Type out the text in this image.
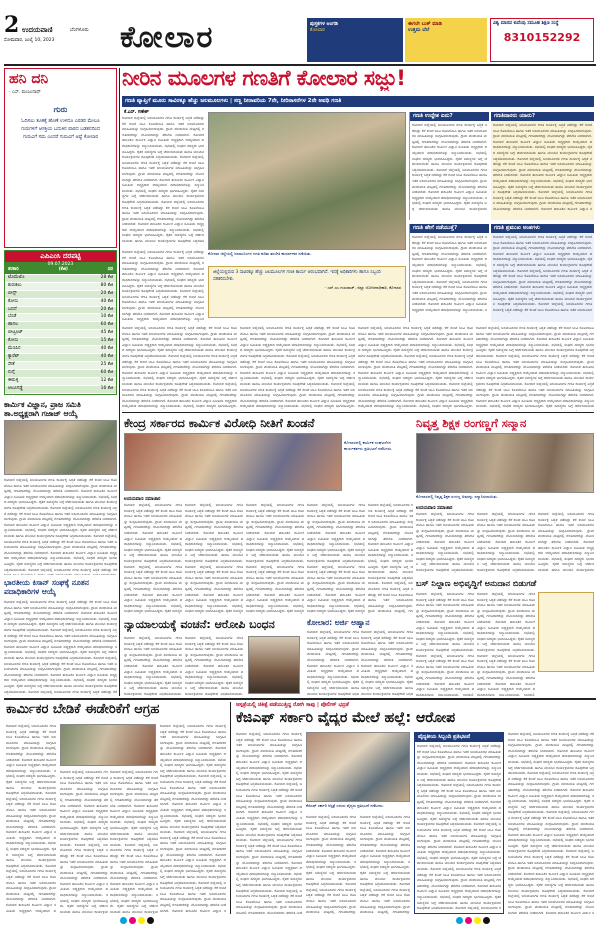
2 ಉದಯವಾಣಿ	ಬೆಂಗಳೂರು
ಸೋಮವಾರ, ಜುಲೈ 10, 2023 ಕೋಲಾರ	ಪುಸ್ತಕಗಳ ಅಂಗಡಿ
ಕೋಲಾರ
ಈಗಲೇ ಬುಕ್ ಮಾಡಿ
ಉತ್ತಮ ಬೆಲೆ
ವಿಶ್ವ ಮಾನವ ಕುವೆಂಪು ಸಮೂಹ ಶಿಕ್ಷಣ ಸಂಸ್ಥೆ
8310152292
ಹನಿ ದನಿ
- ಎಸ್. ಮಂಜುನಾಥ್
ಗುರು
ಓದಿಸಲು ತೂಕಕ್ಕೆ ಹೊಣೆ ಉಳಿದೂ ಎರಡರ ಮೇಲೂ ಗುರುಗಳಿಗೆ ಆಸಕ್ತಿಯ ಬದುಕಿನ ಪಾಠದ ಬಡತನದಿಂದ ಗುರುವಿಗೆ ಸಮ ಎಂದರೆ ಗುರುವಿಗೆ ಅಷ್ಟೆ ಕೋಲಾರ
ಎಪಿಎಂಸಿ ದರಪಟ್ಟಿ
09.07.2023
ತರಕಾರಿ	(ಕೆಜಿ)	ದರ
ಟೊಮೆಟೊ	28 ಕೆಜಿ
ಕುರುಕಲು	80 ಕೆಜಿ
ಬೀನ್ಸ್	20 ಕೆಜಿ
ಕೋಸು	40 ಕೆಜಿ
ಬದನೆ	20 ಕೆಜಿ
ಬೆಂಡೆ	10 ಕೆಜಿ
ಹಾಗಲ	60 ಕೆಜಿ
ಬೀಟ್ರೂಟ್	45 ಕೆಜಿ
ಕೋಸು	15 ಕೆಜಿ
ಮೆಣಸಿನ	40 ಕೆಜಿ
ಕ್ಯಾರೆಟ್	40 ಕೆಜಿ
ಸೌತೆ	25 ಕೆಜಿ
ನುಗ್ಗೆ	60 ಕೆಜಿ
ಈರುಳ್ಳಿ	12 ಕೆಜಿ
ಆಲೂಗಡ್ಡೆ	16 ಕೆಜಿ
ಕಾರ್ಮಿಕ ವಿಜ್ಞಾನ, ಪ್ರಾಜ ಸಮಿತಿ ತಾ.ಅಧ್ಯಕ್ಷರಾಗಿ ಗಜಾಜ್ ಆಯ್ಕೆ
ಕೋಲಾರ ಜಿಲ್ಲೆಯಲ್ಲಿ ಜಲಮೂಲಗಳ ಗಣತಿ ಕಾರ್ಯಕ್ಕೆ ಸಿದ್ಧತೆ ನಡೆದಿದ್ದು ಕೆರೆ ಕುಂಟೆ ಬಾವಿ ಕೊಳವೆಬಾವಿ ಹಾಗೂ ಇತರ ಜಲಮೂಲಗಳ ಮಾಹಿತಿಯನ್ನು ಸಂಗ್ರಹಿಸಲಾಗುವುದು. ಗ್ರಾಮ ಪಂಚಾಯಿತಿ ಮಟ್ಟದಲ್ಲಿ ಗಣತಿದಾರರನ್ನು ನೇಮಿಸಲಾಗಿದ್ದು ತರಬೇತಿ ನೀಡಲಾಗಿದೆ. ಕೋಲಾರ ತಾಲೂಕಿನ ಕಾರ್ಮಿಕ ವಿಜ್ಞಾನ ಸಮಿತಿಯ ಅಧ್ಯಕ್ಷರಾಗಿ ಆಯ್ಕೆಯಾದ ಪದಾಧಿಕಾರಿಗಳನ್ನು ಸನ್ಮಾನಿಸಲಾಯಿತು. ಸಭೆಯಲ್ಲಿ ಸಂಘದ ಸದಸ್ಯರು ಭಾಗವಹಿಸಿದ್ದರು. ರೈತರ ಸಮಸ್ಯೆಗಳ ಬಗ್ಗೆ ಚರ್ಚಿಸಲಾಯಿತು ಹಾಗೂ ಮುಂದಿನ ಕಾರ್ಯಕ್ರಮಗಳ ರೂಪುರೇಷೆ ಸಿದ್ಧಪಡಿಸಲಾಯಿತು. ಕೋಲಾರ ಜಿಲ್ಲೆಯಲ್ಲಿ ಜಲಮೂಲಗಳ ಗಣತಿ ಕಾರ್ಯಕ್ಕೆ ಸಿದ್ಧತೆ ನಡೆದಿದ್ದು ಕೆರೆ ಕುಂಟೆ ಬಾವಿ ಕೊಳವೆಬಾವಿ ಹಾಗೂ ಇತರ ಜಲಮೂಲಗಳ ಮಾಹಿತಿಯನ್ನು ಸಂಗ್ರಹಿಸಲಾಗುವುದು. ಗ್ರಾಮ ಪಂಚಾಯಿತಿ ಮಟ್ಟದಲ್ಲಿ ಗಣತಿದಾರರನ್ನು ನೇಮಿಸಲಾಗಿದ್ದು ತರಬೇತಿ ನೀಡಲಾಗಿದೆ. ಕೋಲಾರ ತಾಲೂಕಿನ ಕಾರ್ಮಿಕ ವಿಜ್ಞಾನ ಸಮಿತಿಯ ಅಧ್ಯಕ್ಷರಾಗಿ ಆಯ್ಕೆಯಾದ ಪದಾಧಿಕಾರಿಗಳನ್ನು ಸನ್ಮಾನಿಸಲಾಯಿತು. ಸಭೆಯಲ್ಲಿ ಸಂಘದ ಸದಸ್ಯರು ಭಾಗವಹಿಸಿದ್ದರು. ರೈತರ ಸಮಸ್ಯೆಗಳ ಬಗ್ಗೆ ಚರ್ಚಿಸಲಾಯಿತು ಹಾಗೂ ಮುಂದಿನ ಕಾರ್ಯಕ್ರಮಗಳ ರೂಪುರೇಷೆ ಸಿದ್ಧಪಡಿಸಲಾಯಿತು. ಕೋಲಾರ ಜಿಲ್ಲೆಯಲ್ಲಿ ಜಲಮೂಲಗಳ ಗಣತಿ ಕಾರ್ಯಕ್ಕೆ ಸಿದ್ಧತೆ ನಡೆದಿದ್ದು ಕೆರೆ ಕುಂಟೆ ಬಾವಿ ಕೊಳವೆಬಾವಿ ಹಾಗೂ ಇತರ ಜಲಮೂಲಗಳ ಮಾಹಿತಿಯನ್ನು ಸಂಗ್ರಹಿಸಲಾಗುವುದು. ಗ್ರಾಮ ಪಂಚಾಯಿತಿ ಮಟ್ಟದಲ್ಲಿ ಗಣತಿದಾರರನ್ನು ನೇಮಿಸಲಾಗಿದ್ದು ತರಬೇತಿ ನೀಡಲಾಗಿದೆ. ಕೋಲಾರ ತಾಲೂಕಿನ ಕಾರ್ಮಿಕ ವಿಜ್ಞಾನ ಸಮಿತಿಯ ಅಧ್ಯಕ್ಷರಾಗಿ ಆಯ್ಕೆಯಾದ ಪದಾಧಿಕಾರಿಗಳನ್ನು ಸನ್ಮಾನಿಸಲಾಯಿತು. ಸಭೆಯಲ್ಲಿ ಸಂಘದ ಸದಸ್ಯರು ಭಾಗವಹಿಸಿದ್ದರು. ರೈತರ ಸಮಸ್ಯೆಗಳ ಬಗ್ಗೆ ಚರ್ಚಿಸಲಾಯಿತು ಹಾಗೂ ಮುಂದಿನ ಕಾರ್ಯಕ್ರಮಗಳ ರೂಪುರೇಷೆ ಸಿದ್ಧಪಡಿಸಲಾಯಿತು. ಕೋಲಾರ ಜಿಲ್ಲೆಯಲ್ಲಿ ಜಲಮೂಲಗಳ ಗಣತಿ ಕಾರ್ಯಕ್ಕೆ ಸಿದ್ಧತೆ ನಡೆದಿದ್ದು ಕೆರೆ
ಭಾರತೀಯ ಕಿಸಾನ್ ಸಂಘಕ್ಕೆ ನೂತನ ಪದಾಧಿಕಾರಿಗಳ ಆಯ್ಕೆ
ಕೋಲಾರ ಜಿಲ್ಲೆಯಲ್ಲಿ ಜಲಮೂಲಗಳ ಗಣತಿ ಕಾರ್ಯಕ್ಕೆ ಸಿದ್ಧತೆ ನಡೆದಿದ್ದು ಕೆರೆ ಕುಂಟೆ ಬಾವಿ ಕೊಳವೆಬಾವಿ ಹಾಗೂ ಇತರ ಜಲಮೂಲಗಳ ಮಾಹಿತಿಯನ್ನು ಸಂಗ್ರಹಿಸಲಾಗುವುದು. ಗ್ರಾಮ ಪಂಚಾಯಿತಿ ಮಟ್ಟದಲ್ಲಿ ಗಣತಿದಾರರನ್ನು ನೇಮಿಸಲಾಗಿದ್ದು ತರಬೇತಿ ನೀಡಲಾಗಿದೆ. ಕೋಲಾರ ತಾಲೂಕಿನ ಕಾರ್ಮಿಕ ವಿಜ್ಞಾನ ಸಮಿತಿಯ ಅಧ್ಯಕ್ಷರಾಗಿ ಆಯ್ಕೆಯಾದ ಪದಾಧಿಕಾರಿಗಳನ್ನು ಸನ್ಮಾನಿಸಲಾಯಿತು. ಸಭೆಯಲ್ಲಿ ಸಂಘದ ಸದಸ್ಯರು ಭಾಗವಹಿಸಿದ್ದರು. ರೈತರ ಸಮಸ್ಯೆಗಳ ಬಗ್ಗೆ ಚರ್ಚಿಸಲಾಯಿತು ಹಾಗೂ ಮುಂದಿನ ಕಾರ್ಯಕ್ರಮಗಳ ರೂಪುರೇಷೆ ಸಿದ್ಧಪಡಿಸಲಾಯಿತು. ಕೋಲಾರ ಜಿಲ್ಲೆಯಲ್ಲಿ ಜಲಮೂಲಗಳ ಗಣತಿ ಕಾರ್ಯಕ್ಕೆ ಸಿದ್ಧತೆ ನಡೆದಿದ್ದು ಕೆರೆ ಕುಂಟೆ ಬಾವಿ ಕೊಳವೆಬಾವಿ ಹಾಗೂ ಇತರ ಜಲಮೂಲಗಳ ಮಾಹಿತಿಯನ್ನು ಸಂಗ್ರಹಿಸಲಾಗುವುದು. ಗ್ರಾಮ ಪಂಚಾಯಿತಿ ಮಟ್ಟದಲ್ಲಿ ಗಣತಿದಾರರನ್ನು ನೇಮಿಸಲಾಗಿದ್ದು ತರಬೇತಿ ನೀಡಲಾಗಿದೆ. ಕೋಲಾರ ತಾಲೂಕಿನ ಕಾರ್ಮಿಕ ವಿಜ್ಞಾನ ಸಮಿತಿಯ ಅಧ್ಯಕ್ಷರಾಗಿ ಆಯ್ಕೆಯಾದ ಪದಾಧಿಕಾರಿಗಳನ್ನು ಸನ್ಮಾನಿಸಲಾಯಿತು. ಸಭೆಯಲ್ಲಿ ಸಂಘದ ಸದಸ್ಯರು ಭಾಗವಹಿಸಿದ್ದರು. ರೈತರ ಸಮಸ್ಯೆಗಳ ಬಗ್ಗೆ ಚರ್ಚಿಸಲಾಯಿತು ಹಾಗೂ ಮುಂದಿನ ಕಾರ್ಯಕ್ರಮಗಳ ರೂಪುರೇಷೆ ಸಿದ್ಧಪಡಿಸಲಾಯಿತು. ಕೋಲಾರ ಜಿಲ್ಲೆಯಲ್ಲಿ ಜಲಮೂಲಗಳ ಗಣತಿ ಕಾರ್ಯಕ್ಕೆ ಸಿದ್ಧತೆ ನಡೆದಿದ್ದು ಕೆರೆ ಕುಂಟೆ ಬಾವಿ ಕೊಳವೆಬಾವಿ ಹಾಗೂ ಇತರ ಜಲಮೂಲಗಳ ಮಾಹಿತಿಯನ್ನು ಸಂಗ್ರಹಿಸಲಾಗುವುದು. ಗ್ರಾಮ ಪಂಚಾಯಿತಿ ಮಟ್ಟದಲ್ಲಿ ಗಣತಿದಾರರನ್ನು ನೇಮಿಸಲಾಗಿದ್ದು ತರಬೇತಿ ನೀಡಲಾಗಿದೆ. ಕೋಲಾರ ತಾಲೂಕಿನ ಕಾರ್ಮಿಕ ವಿಜ್ಞಾನ ಸಮಿತಿಯ ಅಧ್ಯಕ್ಷರಾಗಿ ಆಯ್ಕೆಯಾದ ಪದಾಧಿಕಾರಿಗಳನ್ನು ಸನ್ಮಾನಿಸಲಾಯಿತು. ಸಭೆಯಲ್ಲಿ ಸಂಘದ ಸದಸ್ಯರು ಭಾಗವಹಿಸಿದ್ದರು. ರೈತರ ಸಮಸ್ಯೆಗಳ ಬಗ್ಗೆ ಚರ್ಚಿಸಲಾಯಿತು ಹಾಗೂ ಮುಂದಿನ ಕಾರ್ಯಕ್ರಮಗಳ ರೂಪುರೇಷೆ ಸಿದ್ಧಪಡಿಸಲಾಯಿತು. ಕೋಲಾರ ಜಿಲ್ಲೆಯಲ್ಲಿ ಜಲಮೂಲಗಳ ಗಣತಿ ಕಾರ್ಯಕ್ಕೆ ಸಿದ್ಧತೆ ನಡೆದಿದ್ದು ಕೆರೆ
ನೀರಿನ ಮೂಲಗಳ ಗಣತಿಗೆ ಕೋಲಾರ ಸಜ್ಜು!
ಗಣತಿ ವ್ಯಾಪ್ತಿಗೆ ಮೂರು ಸಾವಿರಕ್ಕೂ ಹೆಚ್ಚು ಜಲಮೂಲಗಳು | ಸಣ್ಣ ನೀರಾವರಿಯ 7ನೇ, ನೀರಿನಾಸರೆಗಳ 2ನೇ ಅವಧಿ ಗಣತಿ
ಕೆ.ಎಸ್. ಗಣೇಶ್
ಕೋಲಾರ ಜಿಲ್ಲೆಯಲ್ಲಿ ಜಲಮೂಲಗಳ ಗಣತಿ ಕಾರ್ಯಕ್ಕೆ ಸಿದ್ಧತೆ ನಡೆದಿದ್ದು ಕೆರೆ ಕುಂಟೆ ಬಾವಿ ಕೊಳವೆಬಾವಿ ಹಾಗೂ ಇತರ ಜಲಮೂಲಗಳ ಮಾಹಿತಿಯನ್ನು ಸಂಗ್ರಹಿಸಲಾಗುವುದು. ಗ್ರಾಮ ಪಂಚಾಯಿತಿ ಮಟ್ಟದಲ್ಲಿ ಗಣತಿದಾರರನ್ನು ನೇಮಿಸಲಾಗಿದ್ದು ತರಬೇತಿ ನೀಡಲಾಗಿದೆ. ಕೋಲಾರ ತಾಲೂಕಿನ ಕಾರ್ಮಿಕ ವಿಜ್ಞಾನ ಸಮಿತಿಯ ಅಧ್ಯಕ್ಷರಾಗಿ ಆಯ್ಕೆಯಾದ ಪದಾಧಿಕಾರಿಗಳನ್ನು ಸನ್ಮಾನಿಸಲಾಯಿತು. ಸಭೆಯಲ್ಲಿ ಸಂಘದ ಸದಸ್ಯರು ಭಾಗವಹಿಸಿದ್ದರು. ರೈತರ ಸಮಸ್ಯೆಗಳ ಬಗ್ಗೆ ಚರ್ಚಿಸಲಾಯಿತು ಹಾಗೂ ಮುಂದಿನ ಕಾರ್ಯಕ್ರಮಗಳ ರೂಪುರೇಷೆ ಸಿದ್ಧಪಡಿಸಲಾಯಿತು. ಕೋಲಾರ ಜಿಲ್ಲೆಯಲ್ಲಿ ಜಲಮೂಲಗಳ ಗಣತಿ ಕಾರ್ಯಕ್ಕೆ ಸಿದ್ಧತೆ ನಡೆದಿದ್ದು ಕೆರೆ ಕುಂಟೆ ಬಾವಿ ಕೊಳವೆಬಾವಿ ಹಾಗೂ ಇತರ ಜಲಮೂಲಗಳ ಮಾಹಿತಿಯನ್ನು ಸಂಗ್ರಹಿಸಲಾಗುವುದು. ಗ್ರಾಮ ಪಂಚಾಯಿತಿ ಮಟ್ಟದಲ್ಲಿ ಗಣತಿದಾರರನ್ನು ನೇಮಿಸಲಾಗಿದ್ದು ತರಬೇತಿ ನೀಡಲಾಗಿದೆ. ಕೋಲಾರ ತಾಲೂಕಿನ ಕಾರ್ಮಿಕ ವಿಜ್ಞಾನ ಸಮಿತಿಯ ಅಧ್ಯಕ್ಷರಾಗಿ ಆಯ್ಕೆಯಾದ ಪದಾಧಿಕಾರಿಗಳನ್ನು ಸನ್ಮಾನಿಸಲಾಯಿತು. ಸಭೆಯಲ್ಲಿ ಸಂಘದ ಸದಸ್ಯರು ಭಾಗವಹಿಸಿದ್ದರು. ರೈತರ ಸಮಸ್ಯೆಗಳ ಬಗ್ಗೆ ಚರ್ಚಿಸಲಾಯಿತು ಹಾಗೂ ಮುಂದಿನ ಕಾರ್ಯಕ್ರಮಗಳ ರೂಪುರೇಷೆ ಸಿದ್ಧಪಡಿಸಲಾಯಿತು. ಕೋಲಾರ ಜಿಲ್ಲೆಯಲ್ಲಿ ಜಲಮೂಲಗಳ ಗಣತಿ ಕಾರ್ಯಕ್ಕೆ ಸಿದ್ಧತೆ ನಡೆದಿದ್ದು ಕೆರೆ ಕುಂಟೆ ಬಾವಿ ಕೊಳವೆಬಾವಿ ಹಾಗೂ ಇತರ ಜಲಮೂಲಗಳ ಮಾಹಿತಿಯನ್ನು ಸಂಗ್ರಹಿಸಲಾಗುವುದು. ಗ್ರಾಮ ಪಂಚಾಯಿತಿ ಮಟ್ಟದಲ್ಲಿ ಗಣತಿದಾರರನ್ನು ನೇಮಿಸಲಾಗಿದ್ದು ತರಬೇತಿ ನೀಡಲಾಗಿದೆ. ಕೋಲಾರ ತಾಲೂಕಿನ ಕಾರ್ಮಿಕ ವಿಜ್ಞಾನ ಸಮಿತಿಯ ಅಧ್ಯಕ್ಷರಾಗಿ ಆಯ್ಕೆಯಾದ ಪದಾಧಿಕಾರಿಗಳನ್ನು ಸನ್ಮಾನಿಸಲಾಯಿತು. ಸಭೆಯಲ್ಲಿ ಸಂಘದ ಸದಸ್ಯರು ಭಾಗವಹಿಸಿದ್ದರು. ರೈತರ ಸಮಸ್ಯೆಗಳ ಬಗ್ಗೆ ಚರ್ಚಿಸಲಾಯಿತು ಹಾಗೂ ಮುಂದಿನ ಕಾರ್ಯಕ್ರಮಗಳ ರೂಪುರೇಷೆ ಸಿದ್ಧಪಡಿಸ
ಕೋಲಾರ ಜಿಲ್ಲೆಯಲ್ಲಿ ಜಲಮೂಲಗಳ ಗಣತಿ ಕುರಿತು ತರಬೇತಿ ಕಾರ್ಯಾಗಾರ ನಡೆಯಿತು.
ಜಿಲ್ಲೆಯಲ್ಲಿರುವ 3 ಸಾವಿರಕ್ಕೂ ಹೆಚ್ಚು ಜಲಮೂಲಗಳ ಗಣತಿ ಕಾರ್ಯ ಆರಂಭವಾಗಿದೆ. ಇದಕ್ಕೆ ಅಧಿಕಾರಿಗಳು ಹಾಗೂ ಸಿಬ್ಬಂದಿ ಸಹಕರಿಸಬೇಕು.
- ಎಸ್.ಎಂ.ಗುರುರಾಜ್, ಜಿಲ್ಲಾ ಯೋಜನಾಧಿಕಾರಿ, ಕೋಲಾರ
ಕೋಲಾರ ಜಿಲ್ಲೆಯಲ್ಲಿ ಜಲಮೂಲಗಳ ಗಣತಿ ಕಾರ್ಯಕ್ಕೆ ಸಿದ್ಧತೆ ನಡೆದಿದ್ದು ಕೆರೆ ಕುಂಟೆ ಬಾವಿ ಕೊಳವೆಬಾವಿ ಹಾಗೂ ಇತರ ಜಲಮೂಲಗಳ ಮಾಹಿತಿಯನ್ನು ಸಂಗ್ರಹಿಸಲಾಗುವುದು. ಗ್ರಾಮ ಪಂಚಾಯಿತಿ ಮಟ್ಟದಲ್ಲಿ ಗಣತಿದಾರರನ್ನು ನೇಮಿಸಲಾಗಿದ್ದು ತರಬೇತಿ ನೀಡಲಾಗಿದೆ. ಕೋಲಾರ ತಾಲೂಕಿನ ಕಾರ್ಮಿಕ ವಿಜ್ಞಾನ ಸಮಿತಿಯ ಅಧ್ಯಕ್ಷರಾಗಿ ಆಯ್ಕೆಯಾದ ಪದಾಧಿಕಾರಿಗಳನ್ನು ಸನ್ಮಾನಿಸಲಾಯಿತು. ಸಭೆಯಲ್ಲಿ ಸಂಘದ ಸದಸ್ಯರು ಭಾಗವಹಿಸಿದ್ದರು. ರೈತರ ಸಮಸ್ಯೆಗಳ ಬಗ್ಗೆ ಚರ್ಚಿಸಲಾಯಿತು ಹಾಗೂ ಮುಂದಿನ ಕಾರ್ಯಕ್ರಮಗಳ ರೂಪುರೇಷೆ ಸಿದ್ಧಪಡಿಸಲಾಯಿತು. ಕೋಲಾರ ಜಿಲ್ಲೆಯಲ್ಲಿ ಜಲಮೂಲಗಳ ಗಣತಿ ಕಾರ್ಯಕ್ಕೆ ಸಿದ್ಧತೆ ನಡೆದಿದ್ದು ಕೆರೆ ಕುಂಟೆ ಬಾವಿ ಕೊಳವೆಬಾವಿ ಹಾಗೂ ಇತರ ಜಲಮೂಲಗಳ ಮಾಹಿತಿಯನ್ನು ಸಂಗ್ರಹಿಸಲಾಗುವುದು. ಗ್ರಾಮ ಪಂಚಾಯಿತಿ ಮಟ್ಟದಲ್ಲಿ ಗಣತಿದಾರರನ್ನು ನೇಮಿಸಲಾಗಿದ್ದು ತರಬೇತಿ ನೀಡಲಾಗಿದೆ. ಕೋಲಾರ ತಾಲೂಕಿನ ಕಾರ್ಮಿಕ ವಿಜ್ಞಾನ ಸಮಿತಿಯ ಅಧ್ಯಕ್ಷರಾಗಿ ಆಯ್ಕೆಯಾದ ಪದಾಧಿಕಾರಿಗಳನ್ನು ಸನ್ಮಾನಿಸ
ಗಣತಿ ಉದ್ದೇಶ ಏನು?
ಕೋಲಾರ ಜಿಲ್ಲೆಯಲ್ಲಿ ಜಲಮೂಲಗಳ ಗಣತಿ ಕಾರ್ಯಕ್ಕೆ ಸಿದ್ಧತೆ ನಡೆದಿದ್ದು ಕೆರೆ ಕುಂಟೆ ಬಾವಿ ಕೊಳವೆಬಾವಿ ಹಾಗೂ ಇತರ ಜಲಮೂಲಗಳ ಮಾಹಿತಿಯನ್ನು ಸಂಗ್ರಹಿಸಲಾಗುವುದು. ಗ್ರಾಮ ಪಂಚಾಯಿತಿ ಮಟ್ಟದಲ್ಲಿ ಗಣತಿದಾರರನ್ನು ನೇಮಿಸಲಾಗಿದ್ದು ತರಬೇತಿ ನೀಡಲಾಗಿದೆ. ಕೋಲಾರ ತಾಲೂಕಿನ ಕಾರ್ಮಿಕ ವಿಜ್ಞಾನ ಸಮಿತಿಯ ಅಧ್ಯಕ್ಷರಾಗಿ ಆಯ್ಕೆಯಾದ ಪದಾಧಿಕಾರಿಗಳನ್ನು ಸನ್ಮಾನಿಸಲಾಯಿತು. ಸಭೆಯಲ್ಲಿ ಸಂಘದ ಸದಸ್ಯರು ಭಾಗವಹಿಸಿದ್ದರು. ರೈತರ ಸಮಸ್ಯೆಗಳ ಬಗ್ಗೆ ಚರ್ಚಿಸಲಾಯಿತು ಹಾಗೂ ಮುಂದಿನ ಕಾರ್ಯಕ್ರಮಗಳ ರೂಪುರೇಷೆ ಸಿದ್ಧಪಡಿಸಲಾಯಿತು. ಕೋಲಾರ ಜಿಲ್ಲೆಯಲ್ಲಿ ಜಲಮೂಲಗಳ ಗಣತಿ ಕಾರ್ಯಕ್ಕೆ ಸಿದ್ಧತೆ ನಡೆದಿದ್ದು ಕೆರೆ ಕುಂಟೆ ಬಾವಿ ಕೊಳವೆಬಾವಿ ಹಾಗೂ ಇತರ ಜಲಮೂಲಗಳ ಮಾಹಿತಿಯನ್ನು ಸಂಗ್ರಹಿಸಲಾಗುವುದು. ಗ್ರಾಮ ಪಂಚಾಯಿತಿ ಮಟ್ಟದಲ್ಲಿ ಗಣತಿದಾರರನ್ನು ನೇಮಿಸಲಾಗಿದ್ದು ತರಬೇತಿ ನೀಡಲಾಗಿದೆ. ಕೋಲಾರ ತಾಲೂಕಿನ ಕಾರ್ಮಿಕ ವಿಜ್ಞಾನ ಸಮಿತಿಯ ಅಧ್ಯಕ್ಷರಾಗಿ ಆಯ್ಕೆಯಾದ ಪದಾಧಿಕಾರಿಗಳನ್ನು ಸನ್ಮಾನಿಸಲಾಯಿತು. ಸಭೆಯಲ್ಲಿ ಸಂಘದ ಸದಸ್ಯರು ಭಾಗವಹಿಸಿದ್ದರು. ರೈತರ ಸಮಸ್ಯೆಗಳ ಬಗ್ಗೆ ಚರ್ಚಿಸಲಾಯಿತು ಹಾಗೂ ಮುಂದಿನ ಕಾರ್ಯಕ್ರಮಗಳ
ಗಣತಿದಾರರು ಯಾರು?
ಕೋಲಾರ ಜಿಲ್ಲೆಯಲ್ಲಿ ಜಲಮೂಲಗಳ ಗಣತಿ ಕಾರ್ಯಕ್ಕೆ ಸಿದ್ಧತೆ ನಡೆದಿದ್ದು ಕೆರೆ ಕುಂಟೆ ಬಾವಿ ಕೊಳವೆಬಾವಿ ಹಾಗೂ ಇತರ ಜಲಮೂಲಗಳ ಮಾಹಿತಿಯನ್ನು ಸಂಗ್ರಹಿಸಲಾಗುವುದು. ಗ್ರಾಮ ಪಂಚಾಯಿತಿ ಮಟ್ಟದಲ್ಲಿ ಗಣತಿದಾರರನ್ನು ನೇಮಿಸಲಾಗಿದ್ದು ತರಬೇತಿ ನೀಡಲಾಗಿದೆ. ಕೋಲಾರ ತಾಲೂಕಿನ ಕಾರ್ಮಿಕ ವಿಜ್ಞಾನ ಸಮಿತಿಯ ಅಧ್ಯಕ್ಷರಾಗಿ ಆಯ್ಕೆಯಾದ ಪದಾಧಿಕಾರಿಗಳನ್ನು ಸನ್ಮಾನಿಸಲಾಯಿತು. ಸಭೆಯಲ್ಲಿ ಸಂಘದ ಸದಸ್ಯರು ಭಾಗವಹಿಸಿದ್ದರು. ರೈತರ ಸಮಸ್ಯೆಗಳ ಬಗ್ಗೆ ಚರ್ಚಿಸಲಾಯಿತು ಹಾಗೂ ಮುಂದಿನ ಕಾರ್ಯಕ್ರಮಗಳ ರೂಪುರೇಷೆ ಸಿದ್ಧಪಡಿಸಲಾಯಿತು. ಕೋಲಾರ ಜಿಲ್ಲೆಯಲ್ಲಿ ಜಲಮೂಲಗಳ ಗಣತಿ ಕಾರ್ಯಕ್ಕೆ ಸಿದ್ಧತೆ ನಡೆದಿದ್ದು ಕೆರೆ ಕುಂಟೆ ಬಾವಿ ಕೊಳವೆಬಾವಿ ಹಾಗೂ ಇತರ ಜಲಮೂಲಗಳ ಮಾಹಿತಿಯನ್ನು ಸಂಗ್ರಹಿಸಲಾಗುವುದು. ಗ್ರಾಮ ಪಂಚಾಯಿತಿ ಮಟ್ಟದಲ್ಲಿ ಗಣತಿದಾರರನ್ನು ನೇಮಿಸಲಾಗಿದ್ದು ತರಬೇತಿ ನೀಡಲಾಗಿದೆ. ಕೋಲಾರ ತಾಲೂಕಿನ ಕಾರ್ಮಿಕ ವಿಜ್ಞಾನ ಸಮಿತಿಯ ಅಧ್ಯಕ್ಷರಾಗಿ ಆಯ್ಕೆಯಾದ ಪದಾಧಿಕಾರಿಗಳನ್ನು ಸನ್ಮಾನಿಸಲಾಯಿತು. ಸಭೆಯಲ್ಲಿ ಸಂಘದ ಸದಸ್ಯರು ಭಾಗವಹಿಸಿದ್ದರು. ರೈತರ ಸಮಸ್ಯೆಗಳ ಬಗ್ಗೆ ಚರ್ಚಿಸಲಾಯಿತು ಹಾಗೂ ಮುಂದಿನ ಕಾರ್ಯಕ್ರಮಗಳ ರೂಪುರೇಷೆ ಸಿದ್ಧಪಡಿಸಲಾಯಿತು. ಕೋಲಾರ ಜಿಲ್ಲೆಯಲ್ಲಿ ಜಲಮೂಲಗಳ ಗಣತಿ ಕಾರ್ಯಕ್ಕೆ ಸಿದ್ಧತೆ ನಡೆದಿದ್ದು ಕೆರೆ ಕುಂಟೆ ಬಾವಿ ಕೊಳವೆಬಾವಿ ಹಾಗೂ ಇತರ ಜಲಮೂಲಗಳ ಮಾಹಿತಿಯನ್ನು ಸಂಗ್ರಹಿಸಲಾಗುವುದು. ಗ್ರಾಮ ಪಂಚಾಯಿತಿ ಮಟ್ಟದಲ್ಲಿ ಗಣತಿದಾರರನ್ನು ನೇಮಿಸಲಾಗಿದ್ದು ತರಬೇತಿ ನೀಡಲಾಗಿದೆ. ಕೋಲಾರ ತಾಲೂಕಿನ ಕಾರ್ಮಿಕ ವಿಜ್ಞಾನ ಸ
ಗಣತಿ ಹೇಗೆ ನಡೆಯುತ್ತೆ?
ಕೋಲಾರ ಜಿಲ್ಲೆಯಲ್ಲಿ ಜಲಮೂಲಗಳ ಗಣತಿ ಕಾರ್ಯಕ್ಕೆ ಸಿದ್ಧತೆ ನಡೆದಿದ್ದು ಕೆರೆ ಕುಂಟೆ ಬಾವಿ ಕೊಳವೆಬಾವಿ ಹಾಗೂ ಇತರ ಜಲಮೂಲಗಳ ಮಾಹಿತಿಯನ್ನು ಸಂಗ್ರಹಿಸಲಾಗುವುದು. ಗ್ರಾಮ ಪಂಚಾಯಿತಿ ಮಟ್ಟದಲ್ಲಿ ಗಣತಿದಾರರನ್ನು ನೇಮಿಸಲಾಗಿದ್ದು ತರಬೇತಿ ನೀಡಲಾಗಿದೆ. ಕೋಲಾರ ತಾಲೂಕಿನ ಕಾರ್ಮಿಕ ವಿಜ್ಞಾನ ಸಮಿತಿಯ ಅಧ್ಯಕ್ಷರಾಗಿ ಆಯ್ಕೆಯಾದ ಪದಾಧಿಕಾರಿಗಳನ್ನು ಸನ್ಮಾನಿಸಲಾಯಿತು. ಸಭೆಯಲ್ಲಿ ಸಂಘದ ಸದಸ್ಯರು ಭಾಗವಹಿಸಿದ್ದರು. ರೈತರ ಸಮಸ್ಯೆಗಳ ಬಗ್ಗೆ ಚರ್ಚಿಸಲಾಯಿತು ಹಾಗೂ ಮುಂದಿನ ಕಾರ್ಯಕ್ರಮಗಳ ರೂಪುರೇಷೆ ಸಿದ್ಧಪಡಿಸಲಾಯಿತು. ಕೋಲಾರ ಜಿಲ್ಲೆಯಲ್ಲಿ ಜಲಮೂಲಗಳ ಗಣತಿ ಕಾರ್ಯಕ್ಕೆ ಸಿದ್ಧತೆ ನಡೆದಿದ್ದು ಕೆರೆ ಕುಂಟೆ ಬಾವಿ ಕೊಳವೆಬಾವಿ ಹಾಗೂ ಇತರ ಜಲಮೂಲಗಳ ಮಾಹಿತಿಯನ್ನು ಸಂಗ್ರಹಿಸಲಾಗುವುದು. ಗ್ರಾಮ ಪಂಚಾಯಿತಿ ಮಟ್ಟದಲ್ಲಿ ಗಣತಿದಾರರನ್ನು ನೇಮಿಸಲಾಗಿದ್ದು ತರಬೇತಿ ನೀಡಲಾಗಿದೆ. ಕೋಲಾರ ತಾಲೂಕಿನ ಕಾರ್ಮಿಕ ವಿಜ್ಞಾನ ಸಮಿತಿಯ ಅಧ್ಯಕ್ಷರಾಗಿ ಆಯ್ಕೆಯಾದ ಪದಾಧಿಕಾರಿಗಳನ್ನು ಸನ್ಮಾನಿಸಲಾಯಿತು. ಸ
ಗಣತಿ ಪ್ರಮುಖ ಅಂಶಗಳು
ಕೋಲಾರ ಜಿಲ್ಲೆಯಲ್ಲಿ ಜಲಮೂಲಗಳ ಗಣತಿ ಕಾರ್ಯಕ್ಕೆ ಸಿದ್ಧತೆ ನಡೆದಿದ್ದು ಕೆರೆ ಕುಂಟೆ ಬಾವಿ ಕೊಳವೆಬಾವಿ ಹಾಗೂ ಇತರ ಜಲಮೂಲಗಳ ಮಾಹಿತಿಯನ್ನು ಸಂಗ್ರಹಿಸಲಾಗುವುದು. ಗ್ರಾಮ ಪಂಚಾಯಿತಿ ಮಟ್ಟದಲ್ಲಿ ಗಣತಿದಾರರನ್ನು ನೇಮಿಸಲಾಗಿದ್ದು ತರಬೇತಿ ನೀಡಲಾಗಿದೆ. ಕೋಲಾರ ತಾಲೂಕಿನ ಕಾರ್ಮಿಕ ವಿಜ್ಞಾನ ಸಮಿತಿಯ ಅಧ್ಯಕ್ಷರಾಗಿ ಆಯ್ಕೆಯಾದ ಪದಾಧಿಕಾರಿಗಳನ್ನು ಸನ್ಮಾನಿಸಲಾಯಿತು. ಸಭೆಯಲ್ಲಿ ಸಂಘದ ಸದಸ್ಯರು ಭಾಗವಹಿಸಿದ್ದರು. ರೈತರ ಸಮಸ್ಯೆಗಳ ಬಗ್ಗೆ ಚರ್ಚಿಸಲಾಯಿತು ಹಾಗೂ ಮುಂದಿನ ಕಾರ್ಯಕ್ರಮಗಳ ರೂಪುರೇಷೆ ಸಿದ್ಧಪಡಿಸಲಾಯಿತು. ಕೋಲಾರ ಜಿಲ್ಲೆಯಲ್ಲಿ ಜಲಮೂಲಗಳ ಗಣತಿ ಕಾರ್ಯಕ್ಕೆ ಸಿದ್ಧತೆ ನಡೆದಿದ್ದು ಕೆರೆ ಕುಂಟೆ ಬಾವಿ ಕೊಳವೆಬಾವಿ ಹಾಗೂ ಇತರ ಜಲಮೂಲಗಳ ಮಾಹಿತಿಯನ್ನು ಸಂಗ್ರಹಿಸಲಾಗುವುದು. ಗ್ರಾಮ ಪಂಚಾಯಿತಿ ಮಟ್ಟದಲ್ಲಿ ಗಣತಿದಾರರನ್ನು ನೇಮಿಸಲಾಗಿದ್ದು ತರಬೇತಿ ನೀಡಲಾಗಿದೆ. ಕೋಲಾರ ತಾಲೂಕಿನ ಕಾರ್ಮಿಕ ವಿಜ್ಞಾನ ಸಮಿತಿಯ ಅಧ್ಯಕ್ಷರಾಗಿ ಆಯ್ಕೆಯಾದ ಪದಾಧಿಕಾರಿಗಳನ್ನು ಸನ್ಮಾನಿಸಲಾಯಿತು. ಸಭೆಯಲ್ಲಿ ಸಂಘದ ಸದಸ್ಯರು ಭಾಗವಹಿಸಿದ್ದರು. ರೈತರ ಸಮಸ್ಯೆಗಳ ಬಗ್ಗೆ ಚರ್ಚಿಸಲಾಯಿತು ಹಾಗೂ ಮುಂದಿನ ಕಾರ್ಯಕ್ರಮಗಳ ರೂಪುರೇಷೆ ಸಿದ್ಧಪಡಿಸಲಾಯಿತು. ಕೋಲಾರ ಜಿಲ್ಲೆಯಲ್ಲಿ ಜಲಮೂಲಗಳ ಗಣತಿ ಕಾರ್ಯಕ್ಕೆ ಸಿದ್ಧತೆ ನಡೆದಿದ್ದು ಕೆರೆ ಕುಂಟೆ ಬಾವಿ ಕೊಳವೆಬಾವಿ ಹಾಗೂ ಇತರ ಜಲಮೂಲಗ
ಕೋಲಾರ ಜಿಲ್ಲೆಯಲ್ಲಿ ಜಲಮೂಲಗಳ ಗಣತಿ ಕಾರ್ಯಕ್ಕೆ ಸಿದ್ಧತೆ ನಡೆದಿದ್ದು ಕೆರೆ ಕುಂಟೆ ಬಾವಿ ಕೊಳವೆಬಾವಿ ಹಾಗೂ ಇತರ ಜಲಮೂಲಗಳ ಮಾಹಿತಿಯನ್ನು ಸಂಗ್ರಹಿಸಲಾಗುವುದು. ಗ್ರಾಮ ಪಂಚಾಯಿತಿ ಮಟ್ಟದಲ್ಲಿ ಗಣತಿದಾರರನ್ನು ನೇಮಿಸಲಾಗಿದ್ದು ತರಬೇತಿ ನೀಡಲಾಗಿದೆ. ಕೋಲಾರ ತಾಲೂಕಿನ ಕಾರ್ಮಿಕ ವಿಜ್ಞಾನ ಸಮಿತಿಯ ಅಧ್ಯಕ್ಷರಾಗಿ ಆಯ್ಕೆಯಾದ ಪದಾಧಿಕಾರಿಗಳನ್ನು ಸನ್ಮಾನಿಸಲಾಯಿತು. ಸಭೆಯಲ್ಲಿ ಸಂಘದ ಸದಸ್ಯರು ಭಾಗವಹಿಸಿದ್ದರು. ರೈತರ ಸಮಸ್ಯೆಗಳ ಬಗ್ಗೆ ಚರ್ಚಿಸಲಾಯಿತು ಹಾಗೂ ಮುಂದಿನ ಕಾರ್ಯಕ್ರಮಗಳ ರೂಪುರೇಷೆ ಸಿದ್ಧಪಡಿಸಲಾಯಿತು. ಕೋಲಾರ ಜಿಲ್ಲೆಯಲ್ಲಿ ಜಲಮೂಲಗಳ ಗಣತಿ ಕಾರ್ಯಕ್ಕೆ ಸಿದ್ಧತೆ ನಡೆದಿದ್ದು ಕೆರೆ ಕುಂಟೆ ಬಾವಿ ಕೊಳವೆಬಾವಿ ಹಾಗೂ ಇತರ ಜಲಮೂಲಗಳ ಮಾಹಿತಿಯನ್ನು ಸಂಗ್ರಹಿಸಲಾಗುವುದು. ಗ್ರಾಮ ಪಂಚಾಯಿತಿ ಮಟ್ಟದಲ್ಲಿ ಗಣತಿದಾರರನ್ನು ನೇಮಿಸಲಾಗಿದ್ದು ತರಬೇತಿ ನೀಡಲಾಗಿದೆ. ಕೋಲಾರ ತಾಲೂಕಿನ ಕಾರ್ಮಿಕ ವಿಜ್ಞಾನ ಸಮಿತಿಯ ಅಧ್ಯಕ್ಷರಾಗಿ ಆಯ್ಕೆಯಾದ ಪದಾಧಿಕಾರಿಗಳನ್ನು ಸನ್ಮಾನಿಸಲಾಯಿತು. ಸಭೆಯಲ್ಲಿ ಸಂಘದ ಸದಸ್ಯರು ಭಾಗವಹಿಸಿದ್ದರು. ರೈತರ ಸಮಸ್ಯೆಗಳ ಬಗ್ಗೆ ಚರ್ಚಿಸಲಾಯಿತು ಹಾಗೂ ಮುಂದಿನ ಕಾರ್ಯಕ್ರಮಗಳ ರೂಪುರೇಷೆ ಸಿದ್ಧಪಡಿಸಲಾಯಿತು. ಕೋಲಾರ ಜಿಲ್ಲೆಯಲ್ಲಿ ಜಲಮೂಲಗಳ ಗಣತಿ ಕಾರ್ಯಕ್ಕೆ ಸಿದ್ಧತೆ ನಡೆದಿದ್ದು ಕೆರೆ ಕುಂಟೆ ಬಾವಿ ಕೊಳವೆಬಾವಿ ಹಾಗೂ ಇತರ ಜಲಮೂಲಗಳ ಮಾಹಿತಿಯನ್ನು ಸಂಗ್ರಹಿಸಲಾಗುವುದು. ಗ್ರಾಮ ಪಂಚಾಯಿತಿ ಮಟ್ಟದಲ್ಲಿ ಗಣತಿದಾರರನ್ನು ನೇಮಿಸಲಾಗಿದ್ದು ತರಬೇತಿ ನೀಡಲಾಗಿದೆ. ಕೋಲಾರ ತಾಲೂಕಿನ ಕಾರ್ಮಿಕ ವಿಜ್ಞಾನ ಸಮಿತಿಯ ಅಧ್ಯಕ್ಷರಾಗಿ ಆಯ್ಕೆಯಾದ ಪದಾಧಿಕಾರಿಗಳನ್ನು ಸನ್ಮಾನಿಸಲಾಯಿತು. ಸಭೆಯಲ್ಲಿ ಸಂಘದ ಸದಸ್ಯರು ಭಾಗವಹಿಸಿದ್ದರು.
ಕೋಲಾರ ಜಿಲ್ಲೆಯಲ್ಲಿ ಜಲಮೂಲಗಳ ಗಣತಿ ಕಾರ್ಯಕ್ಕೆ ಸಿದ್ಧತೆ ನಡೆದಿದ್ದು ಕೆರೆ ಕುಂಟೆ ಬಾವಿ ಕೊಳವೆಬಾವಿ ಹಾಗೂ ಇತರ ಜಲಮೂಲಗಳ ಮಾಹಿತಿಯನ್ನು ಸಂಗ್ರಹಿಸಲಾಗುವುದು. ಗ್ರಾಮ ಪಂಚಾಯಿತಿ ಮಟ್ಟದಲ್ಲಿ ಗಣತಿದಾರರನ್ನು ನೇಮಿಸಲಾಗಿದ್ದು ತರಬೇತಿ ನೀಡಲಾಗಿದೆ. ಕೋಲಾರ ತಾಲೂಕಿನ ಕಾರ್ಮಿಕ ವಿಜ್ಞಾನ ಸಮಿತಿಯ ಅಧ್ಯಕ್ಷರಾಗಿ ಆಯ್ಕೆಯಾದ ಪದಾಧಿಕಾರಿಗಳನ್ನು ಸನ್ಮಾನಿಸಲಾಯಿತು. ಸಭೆಯಲ್ಲಿ ಸಂಘದ ಸದಸ್ಯರು ಭಾಗವಹಿಸಿದ್ದರು. ರೈತರ ಸಮಸ್ಯೆಗಳ ಬಗ್ಗೆ ಚರ್ಚಿಸಲಾಯಿತು ಹಾಗೂ ಮುಂದಿನ ಕಾರ್ಯಕ್ರಮಗಳ ರೂಪುರೇಷೆ ಸಿದ್ಧಪಡಿಸಲಾಯಿತು. ಕೋಲಾರ ಜಿಲ್ಲೆಯಲ್ಲಿ ಜಲಮೂಲಗಳ ಗಣತಿ ಕಾರ್ಯಕ್ಕೆ ಸಿದ್ಧತೆ ನಡೆದಿದ್ದು ಕೆರೆ ಕುಂಟೆ ಬಾವಿ ಕೊಳವೆಬಾವಿ ಹಾಗೂ ಇತರ ಜಲಮೂಲಗಳ ಮಾಹಿತಿಯನ್ನು ಸಂಗ್ರಹಿಸಲಾಗುವುದು. ಗ್ರಾಮ ಪಂಚಾಯಿತಿ ಮಟ್ಟದಲ್ಲಿ ಗಣತಿದಾರರನ್ನು ನೇಮಿಸಲಾಗಿದ್ದು ತರಬೇತಿ ನೀಡಲಾಗಿದೆ. ಕೋಲಾರ ತಾಲೂಕಿನ ಕಾರ್ಮಿಕ ವಿಜ್ಞಾನ ಸಮಿತಿಯ ಅಧ್ಯಕ್ಷರಾಗಿ ಆಯ್ಕೆಯಾದ ಪದಾಧಿಕಾರಿಗಳನ್ನು ಸನ್ಮಾನಿಸಲಾಯಿತು. ಸಭೆಯಲ್ಲಿ ಸಂಘದ ಸದಸ್ಯರು ಭಾಗವಹಿಸಿದ್ದರು. ರೈತರ ಸಮಸ್ಯೆಗಳ ಬಗ್ಗೆ ಚರ್ಚಿಸಲಾಯಿತು ಹಾಗೂ ಮುಂದಿನ ಕಾರ್ಯಕ್ರಮಗಳ ರೂಪುರೇಷೆ ಸಿದ್ಧಪಡಿಸಲಾಯಿತು. ಕೋಲಾರ ಜಿಲ್ಲೆಯಲ್ಲಿ ಜಲಮೂಲಗಳ ಗಣತಿ ಕಾರ್ಯಕ್ಕೆ ಸಿದ್ಧತೆ ನಡೆದಿದ್ದು ಕೆರೆ ಕುಂಟೆ ಬಾವಿ ಕೊಳವೆಬಾವಿ ಹಾಗೂ ಇತರ ಜಲಮೂಲಗಳ ಮಾಹಿತಿಯನ್ನು ಸಂಗ್ರಹಿಸಲಾಗುವುದು. ಗ್ರಾಮ ಪಂಚಾಯಿತಿ ಮಟ್ಟದಲ್ಲಿ ಗಣತಿದಾರರನ್ನು ನೇಮಿಸಲಾಗಿದ್ದು ತರಬೇತಿ ನೀಡಲಾಗಿದೆ. ಕೋಲಾರ ತಾಲೂಕಿನ ಕಾರ್ಮಿಕ ವಿಜ್ಞಾನ ಸಮಿತಿಯ ಅಧ್ಯಕ್ಷರಾಗಿ ಆಯ್ಕೆಯಾದ ಪದಾಧಿಕಾರಿಗಳನ್ನು ಸನ್ಮಾನಿಸಲಾಯಿತು. ಸಭೆಯಲ್ಲಿ ಸಂಘದ ಸದಸ್ಯರು ಭಾಗವಹಿಸಿದ್ದರು.
ಕೋಲಾರ ಜಿಲ್ಲೆಯಲ್ಲಿ ಜಲಮೂಲಗಳ ಗಣತಿ ಕಾರ್ಯಕ್ಕೆ ಸಿದ್ಧತೆ ನಡೆದಿದ್ದು ಕೆರೆ ಕುಂಟೆ ಬಾವಿ ಕೊಳವೆಬಾವಿ ಹಾಗೂ ಇತರ ಜಲಮೂಲಗಳ ಮಾಹಿತಿಯನ್ನು ಸಂಗ್ರಹಿಸಲಾಗುವುದು. ಗ್ರಾಮ ಪಂಚಾಯಿತಿ ಮಟ್ಟದಲ್ಲಿ ಗಣತಿದಾರರನ್ನು ನೇಮಿಸಲಾಗಿದ್ದು ತರಬೇತಿ ನೀಡಲಾಗಿದೆ. ಕೋಲಾರ ತಾಲೂಕಿನ ಕಾರ್ಮಿಕ ವಿಜ್ಞಾನ ಸಮಿತಿಯ ಅಧ್ಯಕ್ಷರಾಗಿ ಆಯ್ಕೆಯಾದ ಪದಾಧಿಕಾರಿಗಳನ್ನು ಸನ್ಮಾನಿಸಲಾಯಿತು. ಸಭೆಯಲ್ಲಿ ಸಂಘದ ಸದಸ್ಯರು ಭಾಗವಹಿಸಿದ್ದರು. ರೈತರ ಸಮಸ್ಯೆಗಳ ಬಗ್ಗೆ ಚರ್ಚಿಸಲಾಯಿತು ಹಾಗೂ ಮುಂದಿನ ಕಾರ್ಯಕ್ರಮಗಳ ರೂಪುರೇಷೆ ಸಿದ್ಧಪಡಿಸಲಾಯಿತು. ಕೋಲಾರ ಜಿಲ್ಲೆಯಲ್ಲಿ ಜಲಮೂಲಗಳ ಗಣತಿ ಕಾರ್ಯಕ್ಕೆ ಸಿದ್ಧತೆ ನಡೆದಿದ್ದು ಕೆರೆ ಕುಂಟೆ ಬಾವಿ ಕೊಳವೆಬಾವಿ ಹಾಗೂ ಇತರ ಜಲಮೂಲಗಳ ಮಾಹಿತಿಯನ್ನು ಸಂಗ್ರಹಿಸಲಾಗುವುದು. ಗ್ರಾಮ ಪಂಚಾಯಿತಿ ಮಟ್ಟದಲ್ಲಿ ಗಣತಿದಾರರನ್ನು ನೇಮಿಸಲಾಗಿದ್ದು ತರಬೇತಿ ನೀಡಲಾಗಿದೆ. ಕೋಲಾರ ತಾಲೂಕಿನ ಕಾರ್ಮಿಕ ವಿಜ್ಞಾನ ಸಮಿತಿಯ ಅಧ್ಯಕ್ಷರಾಗಿ ಆಯ್ಕೆಯಾದ ಪದಾಧಿಕಾರಿಗಳನ್ನು ಸನ್ಮಾನಿಸಲಾಯಿತು. ಸಭೆಯಲ್ಲಿ ಸಂಘದ ಸದಸ್ಯರು ಭಾಗವಹಿಸಿದ್ದರು. ರೈತರ ಸಮಸ್ಯೆಗಳ ಬಗ್ಗೆ ಚರ್ಚಿಸಲಾಯಿತು ಹಾಗೂ ಮುಂದಿನ ಕಾರ್ಯಕ್ರಮಗಳ ರೂಪುರೇಷೆ ಸಿದ್ಧಪಡಿಸಲಾಯಿತು. ಕೋಲಾರ ಜಿಲ್ಲೆಯಲ್ಲಿ ಜಲಮೂಲಗಳ ಗಣತಿ ಕಾರ್ಯಕ್ಕೆ ಸಿದ್ಧತೆ ನಡೆದಿದ್ದು ಕೆರೆ ಕುಂಟೆ ಬಾವಿ ಕೊಳವೆಬಾವಿ ಹಾಗೂ ಇತರ ಜಲಮೂಲಗಳ ಮಾಹಿತಿಯನ್ನು ಸಂಗ್ರಹಿಸಲಾಗುವುದು. ಗ್ರಾಮ ಪಂಚಾಯಿತಿ ಮಟ್ಟದಲ್ಲಿ ಗಣತಿದಾರರನ್ನು ನೇಮಿಸಲಾಗಿದ್ದು ತರಬೇತಿ ನೀಡಲಾಗಿದೆ. ಕೋಲಾರ ತಾಲೂಕಿನ ಕಾರ್ಮಿಕ ವಿಜ್ಞಾನ ಸಮಿತಿಯ ಅಧ್ಯಕ್ಷರಾಗಿ ಆಯ್ಕೆಯಾದ ಪದಾಧಿಕಾರಿಗಳನ್ನು ಸನ್ಮಾನಿಸಲಾಯಿತು. ಸಭೆಯಲ್ಲಿ ಸಂಘದ ಸದಸ್ಯರು ಭಾಗವಹಿಸಿದ್ದರು.
ಕೋಲಾರ ಜಿಲ್ಲೆಯಲ್ಲಿ ಜಲಮೂಲಗಳ ಗಣತಿ ಕಾರ್ಯಕ್ಕೆ ಸಿದ್ಧತೆ ನಡೆದಿದ್ದು ಕೆರೆ ಕುಂಟೆ ಬಾವಿ ಕೊಳವೆಬಾವಿ ಹಾಗೂ ಇತರ ಜಲಮೂಲಗಳ ಮಾಹಿತಿಯನ್ನು ಸಂಗ್ರಹಿಸಲಾಗುವುದು. ಗ್ರಾಮ ಪಂಚಾಯಿತಿ ಮಟ್ಟದಲ್ಲಿ ಗಣತಿದಾರರನ್ನು ನೇಮಿಸಲಾಗಿದ್ದು ತರಬೇತಿ ನೀಡಲಾಗಿದೆ. ಕೋಲಾರ ತಾಲೂಕಿನ ಕಾರ್ಮಿಕ ವಿಜ್ಞಾನ ಸಮಿತಿಯ ಅಧ್ಯಕ್ಷರಾಗಿ ಆಯ್ಕೆಯಾದ ಪದಾಧಿಕಾರಿಗಳನ್ನು ಸನ್ಮಾನಿಸಲಾಯಿತು. ಸಭೆಯಲ್ಲಿ ಸಂಘದ ಸದಸ್ಯರು ಭಾಗವಹಿಸಿದ್ದರು. ರೈತರ ಸಮಸ್ಯೆಗಳ ಬಗ್ಗೆ ಚರ್ಚಿಸಲಾಯಿತು ಹಾಗೂ ಮುಂದಿನ ಕಾರ್ಯಕ್ರಮಗಳ ರೂಪುರೇಷೆ ಸಿದ್ಧಪಡಿಸಲಾಯಿತು. ಕೋಲಾರ ಜಿಲ್ಲೆಯಲ್ಲಿ ಜಲಮೂಲಗಳ ಗಣತಿ ಕಾರ್ಯಕ್ಕೆ ಸಿದ್ಧತೆ ನಡೆದಿದ್ದು ಕೆರೆ ಕುಂಟೆ ಬಾವಿ ಕೊಳವೆಬಾವಿ ಹಾಗೂ ಇತರ ಜಲಮೂಲಗಳ ಮಾಹಿತಿಯನ್ನು ಸಂಗ್ರಹಿಸಲಾಗುವುದು. ಗ್ರಾಮ ಪಂಚಾಯಿತಿ ಮಟ್ಟದಲ್ಲಿ ಗಣತಿದಾರರನ್ನು ನೇಮಿಸಲಾಗಿದ್ದು ತರಬೇತಿ ನೀಡಲಾಗಿದೆ. ಕೋಲಾರ ತಾಲೂಕಿನ ಕಾರ್ಮಿಕ ವಿಜ್ಞಾನ ಸಮಿತಿಯ ಅಧ್ಯಕ್ಷರಾಗಿ ಆಯ್ಕೆಯಾದ ಪದಾಧಿಕಾರಿಗಳನ್ನು ಸನ್ಮಾನಿಸಲಾಯಿತು. ಸಭೆಯಲ್ಲಿ ಸಂಘದ ಸದಸ್ಯರು ಭಾಗವಹಿಸಿದ್ದರು. ರೈತರ ಸಮಸ್ಯೆಗಳ ಬಗ್ಗೆ ಚರ್ಚಿಸಲಾಯಿತು ಹಾಗೂ ಮುಂದಿನ ಕಾರ್ಯಕ್ರಮಗಳ ರೂಪುರೇಷೆ ಸಿದ್ಧಪಡಿಸಲಾಯಿತು. ಕೋಲಾರ ಜಿಲ್ಲೆಯಲ್ಲಿ ಜಲಮೂಲಗಳ ಗಣತಿ ಕಾರ್ಯಕ್ಕೆ ಸಿದ್ಧತೆ ನಡೆದಿದ್ದು ಕೆರೆ ಕುಂಟೆ ಬಾವಿ ಕೊಳವೆಬಾವಿ ಹಾಗೂ ಇತರ ಜಲಮೂಲಗಳ ಮಾಹಿತಿಯನ್ನು ಸಂಗ್ರಹಿಸಲಾಗುವುದು. ಗ್ರಾಮ ಪಂಚಾಯಿತಿ ಮಟ್ಟದಲ್ಲಿ ಗಣತಿದಾರರನ್ನು ನೇಮಿಸಲಾಗಿದ್ದು ತರಬೇತಿ ನೀಡಲಾಗಿದೆ. ಕೋಲಾರ ತಾಲೂಕಿನ ಕಾರ್ಮಿಕ ವಿಜ್ಞಾನ ಸಮಿತಿಯ ಅಧ್ಯಕ್ಷರಾಗಿ ಆಯ್ಕೆಯಾದ ಪದಾಧಿಕಾರಿಗಳನ್ನು ಸನ್ಮಾನಿಸಲಾಯಿತು. ಸಭೆಯಲ್ಲಿ ಸಂಘದ ಸದಸ್ಯರು ಭಾಗವಹಿಸಿದ್ದರು. ರೈತರ ಸಮಸ್ಯೆಗಳ ಬಗ್ಗೆ ಚರ್ಚಿಸಲಾಯಿತು
ಕೇಂದ್ರ ಸರ್ಕಾರದ ಕಾರ್ಮಿಕ ವಿರೋಧಿ ನೀತಿಗೆ ಖಂಡನೆ
ಕೋಲಾರದಲ್ಲಿ ಕಾರ್ಮಿಕ ಸಂಘಟನೆಗಳ ಕಾರ್ಯಕರ್ತರು ಪ್ರತಿಭಟನೆ ನಡೆಸಿದರು.
ನಿವೃತ್ತ ಶಿಕ್ಷಕ ರಂಗಣ್ಣಗೆ ಸನ್ಮಾನ
ಕೋಲಾರದಲ್ಲಿ ನಿವೃತ್ತ ಶಿಕ್ಷಕ ರಂಗಣ್ಣ ಅವರನ್ನು ಸನ್ಮಾನಿಸಲಾಯಿತು.
ಉದಯವಾಣಿ ಸಮಾಚಾರ
ಕೋಲಾರ ಜಿಲ್ಲೆಯಲ್ಲಿ ಜಲಮೂಲಗಳ ಗಣತಿ ಕಾರ್ಯಕ್ಕೆ ಸಿದ್ಧತೆ ನಡೆದಿದ್ದು ಕೆರೆ ಕುಂಟೆ ಬಾವಿ ಕೊಳವೆಬಾವಿ ಹಾಗೂ ಇತರ ಜಲಮೂಲಗಳ ಮಾಹಿತಿಯನ್ನು ಸಂಗ್ರಹಿಸಲಾಗುವುದು. ಗ್ರಾಮ ಪಂಚಾಯಿತಿ ಮಟ್ಟದಲ್ಲಿ ಗಣತಿದಾರರನ್ನು ನೇಮಿಸಲಾಗಿದ್ದು ತರಬೇತಿ ನೀಡಲಾಗಿದೆ. ಕೋಲಾರ ತಾಲೂಕಿನ ಕಾರ್ಮಿಕ ವಿಜ್ಞಾನ ಸಮಿತಿಯ ಅಧ್ಯಕ್ಷರಾಗಿ ಆಯ್ಕೆಯಾದ ಪದಾಧಿಕಾರಿಗಳನ್ನು ಸನ್ಮಾನಿಸಲಾಯಿತು. ಸಭೆಯಲ್ಲಿ ಸಂಘದ ಸದಸ್ಯರು ಭಾಗವಹಿಸಿದ್ದರು. ರೈತರ ಸಮಸ್ಯೆಗಳ ಬಗ್ಗೆ ಚರ್ಚಿಸಲಾಯಿತು ಹಾಗೂ ಮುಂದಿನ ಕಾರ್ಯಕ್ರಮಗಳ ರೂಪುರೇಷೆ ಸಿದ್ಧಪಡಿಸಲಾಯಿತು. ಕೋಲಾರ ಜಿಲ್ಲೆಯಲ್ಲಿ ಜಲಮೂಲಗಳ ಗಣತಿ ಕಾರ್ಯಕ್ಕೆ ಸಿದ್ಧತೆ ನಡೆದಿದ್ದು ಕೆರೆ ಕುಂಟೆ ಬಾವಿ ಕೊಳವೆಬಾವಿ ಹಾಗೂ ಇತರ ಜಲಮೂಲಗಳ ಮಾಹಿತಿಯನ್ನು ಸಂಗ್ರಹಿಸಲಾಗುವುದು. ಗ್ರಾಮ ಪಂಚಾಯಿತಿ ಮಟ್ಟದಲ್ಲಿ ಗಣತಿದಾರರನ್ನು ನೇಮಿಸಲಾಗಿದ್ದು ತರಬೇತಿ ನೀಡಲಾಗಿದೆ. ಕೋಲಾರ ತಾಲೂಕಿನ ಕಾರ್ಮಿಕ ವಿಜ್ಞಾನ ಸಮಿತಿಯ ಅಧ್ಯಕ್ಷರಾಗಿ ಆಯ್ಕೆಯಾದ ಪದಾಧಿಕಾರಿಗಳನ್ನು ಸನ್ಮಾನಿಸಲಾಯಿತು. ಸಭೆಯಲ್ಲಿ ಸಂಘದ ಸದಸ್ಯರು ಭಾಗವಹಿಸಿದ್ದರು. ರೈತರ ಸಮಸ್ಯೆಗ
ಕೋಲಾರ ಜಿಲ್ಲೆಯಲ್ಲಿ ಜಲಮೂಲಗಳ ಗಣತಿ ಕಾರ್ಯಕ್ಕೆ ಸಿದ್ಧತೆ ನಡೆದಿದ್ದು ಕೆರೆ ಕುಂಟೆ ಬಾವಿ ಕೊಳವೆಬಾವಿ ಹಾಗೂ ಇತರ ಜಲಮೂಲಗಳ ಮಾಹಿತಿಯನ್ನು ಸಂಗ್ರಹಿಸಲಾಗುವುದು. ಗ್ರಾಮ ಪಂಚಾಯಿತಿ ಮಟ್ಟದಲ್ಲಿ ಗಣತಿದಾರರನ್ನು ನೇಮಿಸಲಾಗಿದ್ದು ತರಬೇತಿ ನೀಡಲಾಗಿದೆ. ಕೋಲಾರ ತಾಲೂಕಿನ ಕಾರ್ಮಿಕ ವಿಜ್ಞಾನ ಸಮಿತಿಯ ಅಧ್ಯಕ್ಷರಾಗಿ ಆಯ್ಕೆಯಾದ ಪದಾಧಿಕಾರಿಗಳನ್ನು ಸನ್ಮಾನಿಸಲಾಯಿತು. ಸಭೆಯಲ್ಲಿ ಸಂಘದ ಸದಸ್ಯರು ಭಾಗವಹಿಸಿದ್ದರು. ರೈತರ ಸಮಸ್ಯೆಗಳ ಬಗ್ಗೆ ಚರ್ಚಿಸಲಾಯಿತು ಹಾಗೂ ಮುಂದಿನ ಕಾರ್ಯಕ್ರಮಗಳ ರೂಪುರೇಷೆ ಸಿದ್ಧಪಡಿಸಲಾಯಿತು. ಕೋಲಾರ ಜಿಲ್ಲೆಯಲ್ಲಿ ಜಲಮೂಲಗಳ ಗಣತಿ ಕಾರ್ಯಕ್ಕೆ ಸಿದ್ಧತೆ ನಡೆದಿದ್ದು ಕೆರೆ ಕುಂಟೆ ಬಾವಿ ಕೊಳವೆಬಾವಿ ಹಾಗೂ ಇತರ ಜಲಮೂಲಗಳ ಮಾಹಿತಿಯನ್ನು ಸಂಗ್ರಹಿಸಲಾಗುವುದು. ಗ್ರಾಮ ಪಂಚಾಯಿತಿ ಮಟ್ಟದಲ್ಲಿ ಗಣತಿದಾರರನ್ನು ನೇಮಿಸಲಾಗಿದ್ದು ತರಬೇತಿ ನೀಡಲಾಗಿದೆ. ಕೋಲಾರ ತಾಲೂಕಿನ ಕಾರ್ಮಿಕ ವಿಜ್ಞಾನ ಸಮಿತಿಯ ಅಧ್ಯಕ್ಷರಾಗಿ ಆಯ್ಕೆಯಾದ ಪದಾಧಿಕಾರಿಗಳನ್ನು ಸನ್ಮಾನಿಸಲಾಯಿತು. ಸಭೆಯಲ್ಲಿ ಸಂಘದ ಸದಸ್ಯರು ಭಾಗವಹಿಸಿದ್ದರು. ರೈತರ ಸಮಸ್ಯೆಗ
ಕೋಲಾರ ಜಿಲ್ಲೆಯಲ್ಲಿ ಜಲಮೂಲಗಳ ಗಣತಿ ಕಾರ್ಯಕ್ಕೆ ಸಿದ್ಧತೆ ನಡೆದಿದ್ದು ಕೆರೆ ಕುಂಟೆ ಬಾವಿ ಕೊಳವೆಬಾವಿ ಹಾಗೂ ಇತರ ಜಲಮೂಲಗಳ ಮಾಹಿತಿಯನ್ನು ಸಂಗ್ರಹಿಸಲಾಗುವುದು. ಗ್ರಾಮ ಪಂಚಾಯಿತಿ ಮಟ್ಟದಲ್ಲಿ ಗಣತಿದಾರರನ್ನು ನೇಮಿಸಲಾಗಿದ್ದು ತರಬೇತಿ ನೀಡಲಾಗಿದೆ. ಕೋಲಾರ ತಾಲೂಕಿನ ಕಾರ್ಮಿಕ ವಿಜ್ಞಾನ ಸಮಿತಿಯ ಅಧ್ಯಕ್ಷರಾಗಿ ಆಯ್ಕೆಯಾದ ಪದಾಧಿಕಾರಿಗಳನ್ನು ಸನ್ಮಾನಿಸಲಾಯಿತು. ಸಭೆಯಲ್ಲಿ ಸಂಘದ ಸದಸ್ಯರು ಭಾಗವಹಿಸಿದ್ದರು. ರೈತರ ಸಮಸ್ಯೆಗಳ ಬಗ್ಗೆ ಚರ್ಚಿಸಲಾಯಿತು ಹಾಗೂ ಮುಂದಿನ ಕಾರ್ಯಕ್ರಮಗಳ ರೂಪುರೇಷೆ ಸಿದ್ಧಪಡಿಸಲಾಯಿತು. ಕೋಲಾರ ಜಿಲ್ಲೆಯಲ್ಲಿ ಜಲಮೂಲಗಳ ಗಣತಿ ಕಾರ್ಯಕ್ಕೆ ಸಿದ್ಧತೆ ನಡೆದಿದ್ದು ಕೆರೆ ಕುಂಟೆ ಬಾವಿ ಕೊಳವೆಬಾವಿ ಹಾಗೂ ಇತರ ಜಲಮೂಲಗಳ ಮಾಹಿತಿಯನ್ನು ಸಂಗ್ರಹಿಸಲಾಗುವುದು. ಗ್ರಾಮ ಪಂಚಾಯಿತಿ ಮಟ್ಟದಲ್ಲಿ ಗಣತಿದಾರರನ್ನು ನೇಮಿಸಲಾಗಿದ್ದು ತರಬೇತಿ ನೀಡಲಾಗಿದೆ. ಕೋಲಾರ ತಾಲೂಕಿನ ಕಾರ್ಮಿಕ ವಿಜ್ಞಾನ ಸಮಿತಿಯ ಅಧ್ಯಕ್ಷರಾಗಿ ಆಯ್ಕೆಯಾದ ಪದಾಧಿಕಾರಿಗಳನ್ನು ಸನ್ಮಾನಿಸಲಾಯಿತು. ಸಭೆಯಲ್ಲಿ ಸಂಘದ ಸದಸ್ಯರು ಭಾಗವಹಿಸಿದ್ದರು. ರೈತರ ಸಮಸ್ಯೆಗ
ಕೋಲಾರ ಜಿಲ್ಲೆಯಲ್ಲಿ ಜಲಮೂಲಗಳ ಗಣತಿ ಕಾರ್ಯಕ್ಕೆ ಸಿದ್ಧತೆ ನಡೆದಿದ್ದು ಕೆರೆ ಕುಂಟೆ ಬಾವಿ ಕೊಳವೆಬಾವಿ ಹಾಗೂ ಇತರ ಜಲಮೂಲಗಳ ಮಾಹಿತಿಯನ್ನು ಸಂಗ್ರಹಿಸಲಾಗುವುದು. ಗ್ರಾಮ ಪಂಚಾಯಿತಿ ಮಟ್ಟದಲ್ಲಿ ಗಣತಿದಾರರನ್ನು ನೇಮಿಸಲಾಗಿದ್ದು ತರಬೇತಿ ನೀಡಲಾಗಿದೆ. ಕೋಲಾರ ತಾಲೂಕಿನ ಕಾರ್ಮಿಕ ವಿಜ್ಞಾನ ಸಮಿತಿಯ ಅಧ್ಯಕ್ಷರಾಗಿ ಆಯ್ಕೆಯಾದ ಪದಾಧಿಕಾರಿಗಳನ್ನು ಸನ್ಮಾನಿಸಲಾಯಿತು. ಸಭೆಯಲ್ಲಿ ಸಂಘದ ಸದಸ್ಯರು ಭಾಗವಹಿಸಿದ್ದರು. ರೈತರ ಸಮಸ್ಯೆಗಳ ಬಗ್ಗೆ ಚರ್ಚಿಸಲಾಯಿತು ಹಾಗೂ ಮುಂದಿನ ಕಾರ್ಯಕ್ರಮಗಳ ರೂಪುರೇಷೆ ಸಿದ್ಧಪಡಿಸಲಾಯಿತು. ಕೋಲಾರ ಜಿಲ್ಲೆಯಲ್ಲಿ ಜಲಮೂಲಗಳ ಗಣತಿ ಕಾರ್ಯಕ್ಕೆ ಸಿದ್ಧತೆ ನಡೆದಿದ್ದು ಕೆರೆ ಕುಂಟೆ ಬಾವಿ ಕೊಳವೆಬಾವಿ ಹಾಗೂ ಇತರ ಜಲಮೂಲಗಳ ಮಾಹಿತಿಯನ್ನು ಸಂಗ್ರಹಿಸಲಾಗುವುದು. ಗ್ರಾಮ ಪಂಚಾಯಿತಿ ಮಟ್ಟದಲ್ಲಿ ಗಣತಿದಾರರನ್ನು ನೇಮಿಸಲಾಗಿದ್ದು ತರಬೇತಿ ನೀಡಲಾಗಿದೆ. ಕೋಲಾರ ತಾಲೂಕಿನ ಕಾರ್ಮಿಕ ವಿಜ್ಞಾನ ಸಮಿತಿಯ ಅಧ್ಯಕ್ಷರಾಗಿ ಆಯ್ಕೆಯಾದ ಪದಾಧಿಕಾರಿಗಳನ್ನು ಸನ್ಮಾನಿಸಲಾಯಿತು. ಸಭೆಯಲ್ಲಿ ಸಂಘದ ಸದಸ್ಯರು ಭಾಗವಹಿಸಿದ್ದರು. ರೈತರ ಸಮಸ್ಯೆಗ
ಕೋಲಾರ ಜಿಲ್ಲೆಯಲ್ಲಿ ಜಲಮೂಲಗಳ ಗಣತಿ ಕಾರ್ಯಕ್ಕೆ ಸಿದ್ಧತೆ ನಡೆದಿದ್ದು ಕೆರೆ ಕುಂಟೆ ಬಾವಿ ಕೊಳವೆಬಾವಿ ಹಾಗೂ ಇತರ ಜಲಮೂಲಗಳ ಮಾಹಿತಿಯನ್ನು ಸಂಗ್ರಹಿಸಲಾಗುವುದು. ಗ್ರಾಮ ಪಂಚಾಯಿತಿ ಮಟ್ಟದಲ್ಲಿ ಗಣತಿದಾರರನ್ನು ನೇಮಿಸಲಾಗಿದ್ದು ತರಬೇತಿ ನೀಡಲಾಗಿದೆ. ಕೋಲಾರ ತಾಲೂಕಿನ ಕಾರ್ಮಿಕ ವಿಜ್ಞಾನ ಸಮಿತಿಯ ಅಧ್ಯಕ್ಷರಾಗಿ ಆಯ್ಕೆಯಾದ ಪದಾಧಿಕಾರಿಗಳನ್ನು ಸನ್ಮಾನಿಸಲಾಯಿತು. ಸಭೆಯಲ್ಲಿ ಸಂಘದ ಸದಸ್ಯರು ಭಾಗವಹಿಸಿದ್ದರು. ರೈತರ ಸಮಸ್ಯೆಗಳ ಬಗ್ಗೆ ಚರ್ಚಿಸಲಾಯಿತು ಹಾಗೂ ಮುಂದಿನ ಕಾರ್ಯಕ್ರಮಗಳ ರೂಪುರೇಷೆ ಸಿದ್ಧಪಡಿಸಲಾಯಿತು. ಕೋಲಾರ ಜಿಲ್ಲೆಯಲ್ಲಿ ಜಲಮೂಲಗಳ ಗಣತಿ ಕಾರ್ಯಕ್ಕೆ ಸಿದ್ಧತೆ ನಡೆದಿದ್ದು ಕೆರೆ ಕುಂಟೆ ಬಾವಿ ಕೊಳವೆಬಾವಿ ಹಾಗೂ ಇತರ ಜಲಮೂಲಗಳ ಮಾಹಿತಿಯನ್ನು ಸಂಗ್ರಹಿಸಲಾಗುವುದು. ಗ್ರಾಮ ಪಂಚಾಯಿತಿ ಮಟ್ಟದಲ್ಲಿ ಗಣ
ಉದಯವಾಣಿ ಸಮಾಚಾರ
ಕೋಲಾರ ಜಿಲ್ಲೆಯಲ್ಲಿ ಜಲಮೂಲಗಳ ಗಣತಿ ಕಾರ್ಯಕ್ಕೆ ಸಿದ್ಧತೆ ನಡೆದಿದ್ದು ಕೆರೆ ಕುಂಟೆ ಬಾವಿ ಕೊಳವೆಬಾವಿ ಹಾಗೂ ಇತರ ಜಲಮೂಲಗಳ ಮಾಹಿತಿಯನ್ನು ಸಂಗ್ರಹಿಸಲಾಗುವುದು. ಗ್ರಾಮ ಪಂಚಾಯಿತಿ ಮಟ್ಟದಲ್ಲಿ ಗಣತಿದಾರರನ್ನು ನೇಮಿಸಲಾಗಿದ್ದು ತರಬೇತಿ ನೀಡಲಾಗಿದೆ. ಕೋಲಾರ ತಾಲೂಕಿನ ಕಾರ್ಮಿಕ ವಿಜ್ಞಾನ ಸಮಿತಿಯ ಅಧ್ಯಕ್ಷರಾಗಿ ಆಯ್ಕೆಯಾದ ಪದಾಧಿಕಾರಿಗಳನ್ನು ಸನ್ಮಾನಿಸಲಾಯಿತು. ಸಭೆಯಲ್ಲಿ ಸಂಘದ ಸದಸ್ಯರು ಭಾಗವಹಿಸಿದ್ದರು. ರೈತರ ಸಮಸ್ಯೆಗಳ ಬಗ್ಗೆ ಚರ್ಚಿಸಲಾಯಿತು ಹಾಗೂ ಮುಂದಿನ ಕಾರ್ಯಕ್ರಮಗಳ ರೂಪುರೇಷೆ ಸಿದ್ಧಪಡಿಸಲಾಯಿತು.
ಕೋಲಾರ ಜಿಲ್ಲೆಯಲ್ಲಿ ಜಲಮೂಲಗಳ ಗಣತಿ ಕಾರ್ಯಕ್ಕೆ ಸಿದ್ಧತೆ ನಡೆದಿದ್ದು ಕೆರೆ ಕುಂಟೆ ಬಾವಿ ಕೊಳವೆಬಾವಿ ಹಾಗೂ ಇತರ ಜಲಮೂಲಗಳ ಮಾಹಿತಿಯನ್ನು ಸಂಗ್ರಹಿಸಲಾಗುವುದು. ಗ್ರಾಮ ಪಂಚಾಯಿತಿ ಮಟ್ಟದಲ್ಲಿ ಗಣತಿದಾರರನ್ನು ನೇಮಿಸಲಾಗಿದ್ದು ತರಬೇತಿ ನೀಡಲಾಗಿದೆ. ಕೋಲಾರ ತಾಲೂಕಿನ ಕಾರ್ಮಿಕ ವಿಜ್ಞಾನ ಸಮಿತಿಯ ಅಧ್ಯಕ್ಷರಾಗಿ ಆಯ್ಕೆಯಾದ ಪದಾಧಿಕಾರಿಗಳನ್ನು ಸನ್ಮಾನಿಸಲಾಯಿತು. ಸಭೆಯಲ್ಲಿ ಸಂಘದ ಸದಸ್ಯರು ಭಾಗವಹಿಸಿದ್ದರು. ರೈತರ ಸಮಸ್ಯೆಗಳ ಬಗ್ಗೆ ಚರ್ಚಿಸಲಾಯಿತು ಹಾಗೂ ಮುಂದಿನ ಕಾರ್ಯಕ್ರಮಗಳ ರೂಪುರೇಷೆ ಸಿದ್ಧಪಡಿಸಲಾಯಿತು.
ಕೋಲಾರ ಜಿಲ್ಲೆಯಲ್ಲಿ ಜಲಮೂಲಗಳ ಗಣತಿ ಕಾರ್ಯಕ್ಕೆ ಸಿದ್ಧತೆ ನಡೆದಿದ್ದು ಕೆರೆ ಕುಂಟೆ ಬಾವಿ ಕೊಳವೆಬಾವಿ ಹಾಗೂ ಇತರ ಜಲಮೂಲಗಳ ಮಾಹಿತಿಯನ್ನು ಸಂಗ್ರಹಿಸಲಾಗುವುದು. ಗ್ರಾಮ ಪಂಚಾಯಿತಿ ಮಟ್ಟದಲ್ಲಿ ಗಣತಿದಾರರನ್ನು ನೇಮಿಸಲಾಗಿದ್ದು ತರಬೇತಿ ನೀಡಲಾಗಿದೆ. ಕೋಲಾರ ತಾಲೂಕಿನ ಕಾರ್ಮಿಕ ವಿಜ್ಞಾನ ಸಮಿತಿಯ ಅಧ್ಯಕ್ಷರಾಗಿ ಆಯ್ಕೆಯಾದ ಪದಾಧಿಕಾರಿಗಳನ್ನು ಸನ್ಮಾನಿಸಲಾಯಿತು. ಸಭೆಯಲ್ಲಿ ಸಂಘದ ಸದಸ್ಯರು ಭಾಗವಹಿಸಿದ್ದರು. ರೈತರ ಸಮಸ್ಯೆಗಳ ಬಗ್ಗೆ ಚರ್ಚಿಸಲಾಯಿತು ಹಾಗೂ ಮುಂದಿನ ಕಾರ್ಯಕ್ರಮಗಳ
ಬಸ್ ನಿಲ್ದಾಣ ಅಭಿವೃದ್ಧಿಗೆ ಅನುದಾನ ಬಿಡುಗಡೆ
ಕೋಲಾರ ಜಿಲ್ಲೆಯಲ್ಲಿ ಜಲಮೂಲಗಳ ಗಣತಿ ಕಾರ್ಯಕ್ಕೆ ಸಿದ್ಧತೆ ನಡೆದಿದ್ದು ಕೆರೆ ಕುಂಟೆ ಬಾವಿ ಕೊಳವೆಬಾವಿ ಹಾಗೂ ಇತರ ಜಲಮೂಲಗಳ ಮಾಹಿತಿಯನ್ನು ಸಂಗ್ರಹಿಸಲಾಗುವುದು. ಗ್ರಾಮ ಪಂಚಾಯಿತಿ ಮಟ್ಟದಲ್ಲಿ ಗಣತಿದಾರರನ್ನು ನೇಮಿಸಲಾಗಿದ್ದು ತರಬೇತಿ ನೀಡಲಾಗಿದೆ. ಕೋಲಾರ ತಾಲೂಕಿನ ಕಾರ್ಮಿಕ ವಿಜ್ಞಾನ ಸಮಿತಿಯ ಅಧ್ಯಕ್ಷರಾಗಿ ಆಯ್ಕೆಯಾದ ಪದಾಧಿಕಾರಿಗಳನ್ನು ಸನ್ಮಾನಿಸಲಾಯಿತು. ಸಭೆಯಲ್ಲಿ ಸಂಘದ ಸದಸ್ಯರು ಭಾಗವಹಿಸಿದ್ದರು. ರೈತರ ಸಮಸ್ಯೆಗಳ ಬಗ್ಗೆ ಚರ್ಚಿಸಲಾಯಿತು ಹಾಗೂ ಮುಂದಿನ ಕಾರ್ಯಕ್ರಮಗಳ ರೂಪುರೇಷೆ ಸಿದ್ಧಪಡಿಸಲಾಯಿತು. ಕೋಲಾರ ಜಿಲ್ಲೆಯಲ್ಲಿ ಜಲಮೂಲಗಳ ಗಣತಿ ಕಾರ್ಯಕ್ಕೆ ಸಿದ್ಧತೆ ನಡೆದಿದ್ದು ಕೆರೆ ಕುಂಟೆ ಬಾವಿ ಕೊಳವೆಬಾವಿ ಹಾಗೂ ಇತರ ಜಲಮೂಲಗಳ ಮಾಹಿತಿಯನ್ನು ಸಂಗ್ರಹಿಸಲಾಗುವುದು. ಗ್ರಾಮ ಪಂಚಾಯಿತಿ ಮಟ್ಟದಲ್ಲಿ ಗಣತಿದಾರರನ್ನು ನೇಮಿಸಲಾಗಿದ್ದು ತರಬೇತಿ ನೀಡಲಾಗಿದೆ. ಕೋಲಾರ ತಾಲೂಕಿನ ಕಾರ್ಮಿಕ ವಿಜ್ಞಾನ ಸಮಿತಿಯ ಅಧ್ಯಕ್ಷರಾಗಿ ಆಯ್ಕೆಯಾದ ಪದಾಧಿಕಾರಿಗಳನ್ನು ಸನ್ಮಾನಿಸಲಾಯಿತು. ಸಭೆಯಲ್ಲಿ
ಕೋಲಾರ ಜಿಲ್ಲೆಯಲ್ಲಿ ಜಲಮೂಲಗಳ ಗಣತಿ ಕಾರ್ಯಕ್ಕೆ ಸಿದ್ಧತೆ ನಡೆದಿದ್ದು ಕೆರೆ ಕುಂಟೆ ಬಾವಿ ಕೊಳವೆಬಾವಿ ಹಾಗೂ ಇತರ ಜಲಮೂಲಗಳ ಮಾಹಿತಿಯನ್ನು ಸಂಗ್ರಹಿಸಲಾಗುವುದು. ಗ್ರಾಮ ಪಂಚಾಯಿತಿ ಮಟ್ಟದಲ್ಲಿ ಗಣತಿದಾರರನ್ನು ನೇಮಿಸಲಾಗಿದ್ದು ತರಬೇತಿ ನೀಡಲಾಗಿದೆ. ಕೋಲಾರ ತಾಲೂಕಿನ ಕಾರ್ಮಿಕ ವಿಜ್ಞಾನ ಸಮಿತಿಯ ಅಧ್ಯಕ್ಷರಾಗಿ ಆಯ್ಕೆಯಾದ ಪದಾಧಿಕಾರಿಗಳನ್ನು ಸನ್ಮಾನಿಸಲಾಯಿತು. ಸಭೆಯಲ್ಲಿ ಸಂಘದ ಸದಸ್ಯರು ಭಾಗವಹಿಸಿದ್ದರು. ರೈತರ ಸಮಸ್ಯೆಗಳ ಬಗ್ಗೆ ಚರ್ಚಿಸಲಾಯಿತು ಹಾಗೂ ಮುಂದಿನ ಕಾರ್ಯಕ್ರಮಗಳ ರೂಪುರೇಷೆ ಸಿದ್ಧಪಡಿಸಲಾಯಿತು. ಕೋಲಾರ ಜಿಲ್ಲೆಯಲ್ಲಿ ಜಲಮೂಲಗಳ ಗಣತಿ ಕಾರ್ಯಕ್ಕೆ ಸಿದ್ಧತೆ ನಡೆದಿದ್ದು ಕೆರೆ ಕುಂಟೆ ಬಾವಿ ಕೊಳವೆಬಾವಿ ಹಾಗೂ ಇತರ ಜಲಮೂಲಗಳ ಮಾಹಿತಿಯನ್ನು ಸಂಗ್ರಹಿಸಲಾಗುವುದು. ಗ್ರಾಮ ಪಂಚಾಯಿತಿ ಮಟ್ಟದಲ್ಲಿ ಗಣತಿದಾರರನ್ನು ನೇಮಿಸಲಾಗಿದ್ದು ತರಬೇತಿ ನೀಡಲಾಗಿದೆ. ಕೋಲಾರ ತಾಲೂಕಿನ ಕಾರ್ಮಿಕ ವಿಜ್ಞಾನ ಸಮಿತಿಯ ಅಧ್ಯಕ್ಷರಾಗಿ ಆಯ್ಕೆಯಾದ ಪದಾಧಿಕಾರಿಗಳನ್ನು ಸನ್ಮಾನಿಸಲಾಯಿತು. ಸಭೆಯಲ್ಲಿ
ಕೋಲಾರ: ಅರ್ಜಿ ಆಹ್ವಾನ
ಕೋಲಾರ ಜಿಲ್ಲೆಯಲ್ಲಿ ಜಲಮೂಲಗಳ ಗಣತಿ ಕಾರ್ಯಕ್ಕೆ ಸಿದ್ಧತೆ ನಡೆದಿದ್ದು ಕೆರೆ ಕುಂಟೆ ಬಾವಿ ಕೊಳವೆಬಾವಿ ಹಾಗೂ ಇತರ ಜಲಮೂಲಗಳ ಮಾಹಿತಿಯನ್ನು ಸಂಗ್ರಹಿಸಲಾಗುವುದು. ಗ್ರಾಮ ಪಂಚಾಯಿತಿ ಮಟ್ಟದಲ್ಲಿ ಗಣತಿದಾರರನ್ನು ನೇಮಿಸಲಾಗಿದ್ದು ತರಬೇತಿ ನೀಡಲಾಗಿದೆ. ಕೋಲಾರ ತಾಲೂಕಿನ ಕಾರ್ಮಿಕ ವಿಜ್ಞಾನ ಸಮಿತಿಯ ಅಧ್ಯಕ್ಷರಾಗಿ ಆಯ್ಕೆಯಾದ ಪದಾಧಿಕಾರಿಗಳನ್ನು ಸನ್ಮಾನಿಸಲಾಯಿತು. ಸಭೆಯಲ್ಲಿ ಸಂಘದ ಸದಸ್ಯರು ಭಾಗವಹಿಸಿದ್ದರು. ರೈತರ ಸಮಸ್ಯೆಗಳ ಬಗ್ಗೆ ಚರ್ಚಿಸಲಾಯಿತು ಹಾಗೂ ಮುಂದಿನ ಕಾರ್ಯಕ್ರಮಗಳ ರೂಪುರೇಷೆ ಸಿದ್ಧಪ
ಕೋಲಾರ ಜಿಲ್ಲೆಯಲ್ಲಿ ಜಲಮೂಲಗಳ ಗಣತಿ ಕಾರ್ಯಕ್ಕೆ ಸಿದ್ಧತೆ ನಡೆದಿದ್ದು ಕೆರೆ ಕುಂಟೆ ಬಾವಿ ಕೊಳವೆಬಾವಿ ಹಾಗೂ ಇತರ ಜಲಮೂಲಗಳ ಮಾಹಿತಿಯನ್ನು ಸಂಗ್ರಹಿಸಲಾಗುವುದು. ಗ್ರಾಮ ಪಂಚಾಯಿತಿ ಮಟ್ಟದಲ್ಲಿ ಗಣತಿದಾರರನ್ನು ನೇಮಿಸಲಾಗಿದ್ದು ತರಬೇತಿ ನೀಡಲಾಗಿದೆ. ಕೋಲಾರ ತಾಲೂಕಿನ ಕಾರ್ಮಿಕ ವಿಜ್ಞಾನ ಸಮಿತಿಯ ಅಧ್ಯಕ್ಷರಾಗಿ ಆಯ್ಕೆಯಾದ ಪದಾಧಿಕಾರಿಗಳನ್ನು ಸನ್ಮಾನಿಸಲಾಯಿತು. ಸಭೆಯಲ್ಲಿ ಸಂಘದ ಸದಸ್ಯರು ಭಾಗವಹಿಸಿದ್ದರು. ರೈತರ ಸಮಸ್ಯೆಗಳ ಬಗ್ಗೆ ಚರ್ಚಿಸಲಾಯಿತು ಹಾಗೂ ಮುಂದಿನ ಕಾರ್ಯಕ್ರಮಗಳ ರೂಪುರೇಷೆ ಸಿದ್ಧಪ
ನ್ಯಾಯಾಲಯಕ್ಕೆ ವಂಚನೆ: ಆರೋಪಿ ಬಂಧನ
ಕೋಲಾರ ಜಿಲ್ಲೆಯಲ್ಲಿ ಜಲಮೂಲಗಳ ಗಣತಿ ಕಾರ್ಯಕ್ಕೆ ಸಿದ್ಧತೆ ನಡೆದಿದ್ದು ಕೆರೆ ಕುಂಟೆ ಬಾವಿ ಕೊಳವೆಬಾವಿ ಹಾಗೂ ಇತರ ಜಲಮೂಲಗಳ ಮಾಹಿತಿಯನ್ನು ಸಂಗ್ರಹಿಸಲಾಗುವುದು. ಗ್ರಾಮ ಪಂಚಾಯಿತಿ ಮಟ್ಟದಲ್ಲಿ ಗಣತಿದಾರರನ್ನು ನೇಮಿಸಲಾಗಿದ್ದು ತರಬೇತಿ ನೀಡಲಾಗಿದೆ. ಕೋಲಾರ ತಾಲೂಕಿನ ಕಾರ್ಮಿಕ ವಿಜ್ಞಾನ ಸಮಿತಿಯ ಅಧ್ಯಕ್ಷರಾಗಿ ಆಯ್ಕೆಯಾದ ಪದಾಧಿಕಾರಿಗಳನ್ನು ಸನ್ಮಾನಿಸಲಾಯಿತು. ಸಭೆಯಲ್ಲಿ ಸಂಘದ ಸದಸ್ಯರು ಭಾಗವಹಿಸಿದ್ದರು. ರೈತರ ಸಮಸ್ಯೆಗಳ ಬಗ್ಗೆ ಚರ್ಚಿಸಲಾಯಿತು ಹಾಗೂ ಮುಂದಿನ ಕಾರ್ಯಕ್ರಮಗಳ ರೂಪುರೇಷೆ ಸಿದ್ಧಪಡಿಸಲಾಯಿತು.
ಕೋಲಾರ ಜಿಲ್ಲೆಯಲ್ಲಿ ಜಲಮೂಲಗಳ ಗಣತಿ ಕಾರ್ಯಕ್ಕೆ ಸಿದ್ಧತೆ ನಡೆದಿದ್ದು ಕೆರೆ ಕುಂಟೆ ಬಾವಿ ಕೊಳವೆಬಾವಿ ಹಾಗೂ ಇತರ ಜಲಮೂಲಗಳ ಮಾಹಿತಿಯನ್ನು ಸಂಗ್ರಹಿಸಲಾಗುವುದು. ಗ್ರಾಮ ಪಂಚಾಯಿತಿ ಮಟ್ಟದಲ್ಲಿ ಗಣತಿದಾರರನ್ನು ನೇಮಿಸಲಾಗಿದ್ದು ತರಬೇತಿ ನೀಡಲಾಗಿದೆ. ಕೋಲಾರ ತಾಲೂಕಿನ ಕಾರ್ಮಿಕ ವಿಜ್ಞಾನ ಸಮಿತಿಯ ಅಧ್ಯಕ್ಷರಾಗಿ ಆಯ್ಕೆಯಾದ ಪದಾಧಿಕಾರಿಗಳನ್ನು ಸನ್ಮಾನಿಸಲಾಯಿತು. ಸಭೆಯಲ್ಲಿ ಸಂಘದ ಸದಸ್ಯರು ಭಾಗವಹಿಸಿದ್ದರು. ರೈತರ ಸಮಸ್ಯೆಗಳ ಬಗ್ಗೆ ಚರ್ಚಿಸಲಾಯಿತು ಹಾಗೂ ಮುಂದಿನ ಕಾರ್ಯಕ್ರಮಗಳ ರೂಪುರೇಷೆ ಸಿದ್ಧಪಡಿಸಲಾಯಿತು.
ಕಾರ್ಮಿಕರ ಬೇಡಿಕೆ ಈಡೇರಿಕೆಗೆ ಆಗ್ರಹ
ಕೋಲಾರ ಜಿಲ್ಲೆಯಲ್ಲಿ ಜಲಮೂಲಗಳ ಗಣತಿ ಕಾರ್ಯಕ್ಕೆ ಸಿದ್ಧತೆ ನಡೆದಿದ್ದು ಕೆರೆ ಕುಂಟೆ ಬಾವಿ ಕೊಳವೆಬಾವಿ ಹಾಗೂ ಇತರ ಜಲಮೂಲಗಳ ಮಾಹಿತಿಯನ್ನು ಸಂಗ್ರಹಿಸಲಾಗುವುದು. ಗ್ರಾಮ ಪಂಚಾಯಿತಿ ಮಟ್ಟದಲ್ಲಿ ಗಣತಿದಾರರನ್ನು ನೇಮಿಸಲಾಗಿದ್ದು ತರಬೇತಿ ನೀಡಲಾಗಿದೆ. ಕೋಲಾರ ತಾಲೂಕಿನ ಕಾರ್ಮಿಕ ವಿಜ್ಞಾನ ಸಮಿತಿಯ ಅಧ್ಯಕ್ಷರಾಗಿ ಆಯ್ಕೆಯಾದ ಪದಾಧಿಕಾರಿಗಳನ್ನು ಸನ್ಮಾನಿಸಲಾಯಿತು. ಸಭೆಯಲ್ಲಿ ಸಂಘದ ಸದಸ್ಯರು ಭಾಗವಹಿಸಿದ್ದರು. ರೈತರ ಸಮಸ್ಯೆಗಳ ಬಗ್ಗೆ ಚರ್ಚಿಸಲಾಯಿತು ಹಾಗೂ ಮುಂದಿನ ಕಾರ್ಯಕ್ರಮಗಳ ರೂಪುರೇಷೆ ಸಿದ್ಧಪಡಿಸಲಾಯಿತು. ಕೋಲಾರ ಜಿಲ್ಲೆಯಲ್ಲಿ ಜಲಮೂಲಗಳ ಗಣತಿ ಕಾರ್ಯಕ್ಕೆ ಸಿದ್ಧತೆ ನಡೆದಿದ್ದು ಕೆರೆ ಕುಂಟೆ ಬಾವಿ ಕೊಳವೆಬಾವಿ ಹಾಗೂ ಇತರ ಜಲಮೂಲಗಳ ಮಾಹಿತಿಯನ್ನು ಸಂಗ್ರಹಿಸಲಾಗುವುದು. ಗ್ರಾಮ ಪಂಚಾಯಿತಿ ಮಟ್ಟದಲ್ಲಿ ಗಣತಿದಾರರನ್ನು ನೇಮಿಸಲಾಗಿದ್ದು ತರಬೇತಿ ನೀಡಲಾಗಿದೆ. ಕೋಲಾರ ತಾಲೂಕಿನ ಕಾರ್ಮಿಕ ವಿಜ್ಞಾನ ಸಮಿತಿಯ ಅಧ್ಯಕ್ಷರಾಗಿ ಆಯ್ಕೆಯಾದ ಪದಾಧಿಕಾರಿಗಳನ್ನು ಸನ್ಮಾನಿಸಲಾಯಿತು. ಸಭೆಯಲ್ಲಿ ಸಂಘದ ಸದಸ್ಯರು ಭಾಗವಹಿಸಿದ್ದರು. ರೈತರ ಸಮಸ್ಯೆಗಳ ಬಗ್ಗೆ ಚರ್ಚಿಸಲಾಯಿತು ಹಾಗೂ ಮುಂದಿನ ಕಾರ್ಯಕ್ರಮಗಳ ರೂಪುರೇಷೆ ಸಿದ್ಧಪಡಿಸಲಾಯಿತು. ಕೋಲಾರ ಜಿಲ್ಲೆಯಲ್ಲಿ ಜಲಮೂಲಗಳ ಗಣತಿ ಕಾರ್ಯಕ್ಕೆ ಸಿದ್ಧತೆ ನಡೆದಿದ್ದು ಕೆರೆ ಕುಂಟೆ ಬಾವಿ ಕೊಳವೆಬಾವಿ ಹಾಗೂ ಇತರ ಜಲಮೂಲಗಳ ಮಾಹಿತಿಯನ್ನು ಸಂಗ್ರಹಿಸಲಾಗುವುದು. ಗ್ರಾಮ ಪಂಚಾಯಿತಿ ಮಟ್ಟದಲ್ಲಿ ಗಣತಿದಾರರನ್ನು ನೇಮಿಸಲಾಗಿದ್ದು ತರಬೇತಿ ನೀಡಲಾಗಿದೆ. ಕೋಲಾರ ತಾಲೂಕಿನ ಕಾರ್ಮಿಕ ವಿಜ್ಞಾನ ಸಮಿತಿಯ ಅಧ್ಯಕ್ಷರಾಗಿ ಆಯ್ಕೆಯಾದ ಪ
ಕೋಲಾರ ಜಿಲ್ಲೆಯಲ್ಲಿ ಜಲಮೂಲಗಳ ಗಣತಿ ಕಾರ್ಯಕ್ಕೆ ಸಿದ್ಧತೆ ನಡೆದಿದ್ದು ಕೆರೆ ಕುಂಟೆ ಬಾವಿ ಕೊಳವೆಬಾವಿ ಹಾಗೂ ಇತರ ಜಲಮೂಲಗಳ ಮಾಹಿತಿಯನ್ನು ಸಂಗ್ರಹಿಸಲಾಗುವುದು. ಗ್ರಾಮ ಪಂಚಾಯಿತಿ ಮಟ್ಟದಲ್ಲಿ ಗಣತಿದಾರರನ್ನು ನೇಮಿಸಲಾಗಿದ್ದು ತರಬೇತಿ ನೀಡಲಾಗಿದೆ. ಕೋಲಾರ ತಾಲೂಕಿನ ಕಾರ್ಮಿಕ ವಿಜ್ಞಾನ ಸಮಿತಿಯ ಅಧ್ಯಕ್ಷರಾಗಿ ಆಯ್ಕೆಯಾದ ಪದಾಧಿಕಾರಿಗಳನ್ನು ಸನ್ಮಾನಿಸಲಾಯಿತು. ಸಭೆಯಲ್ಲಿ ಸಂಘದ ಸದಸ್ಯರು ಭಾಗವಹಿಸಿದ್ದರು. ರೈತರ ಸಮಸ್ಯೆಗಳ ಬಗ್ಗೆ ಚರ್ಚಿಸಲಾಯಿತು ಹಾಗೂ ಮುಂದಿನ ಕಾರ್ಯಕ್ರಮಗಳ ರೂಪುರೇಷೆ ಸಿದ್ಧಪಡಿಸಲಾಯಿತು. ಕೋಲಾರ ಜಿಲ್ಲೆಯಲ್ಲಿ ಜಲಮೂಲಗಳ ಗಣತಿ ಕಾರ್ಯಕ್ಕೆ ಸಿದ್ಧತೆ ನಡೆದಿದ್ದು ಕೆರೆ ಕುಂಟೆ ಬಾವಿ ಕೊಳವೆಬಾವಿ ಹಾಗೂ ಇತರ ಜಲಮೂಲಗಳ ಮಾಹಿತಿಯನ್ನು ಸಂಗ್ರಹಿಸಲಾಗುವುದು. ಗ್ರಾಮ ಪಂಚಾಯಿತಿ ಮಟ್ಟದಲ್ಲಿ ಗಣತಿದಾರರನ್ನು ನೇಮಿಸಲಾಗಿದ್ದು ತರಬೇತಿ ನೀಡಲಾಗಿದೆ. ಕೋಲಾರ ತಾಲೂಕಿನ ಕಾರ್ಮಿಕ ವಿಜ್ಞಾನ ಸಮಿತಿಯ ಅಧ್ಯಕ್ಷರಾಗಿ ಆಯ್ಕೆಯಾದ ಪದಾಧಿಕಾರಿಗಳನ್ನು ಸನ್ಮಾನಿಸಲಾಯಿತು. ಸಭೆಯಲ್ಲಿ ಸಂಘದ ಸದಸ್ಯರು ಭಾಗವಹಿಸಿದ್ದರು. ರೈತರ ಸಮಸ್ಯೆಗಳ ಬಗ್ಗೆ ಚರ್ಚಿಸಲಾಯಿತು ಹಾಗೂ ಮುಂದಿನ ಕಾರ್ಯಕ್ರಮ
ಕೋಲಾರ ಜಿಲ್ಲೆಯಲ್ಲಿ ಜಲಮೂಲಗಳ ಗಣತಿ ಕಾರ್ಯಕ್ಕೆ ಸಿದ್ಧತೆ ನಡೆದಿದ್ದು ಕೆರೆ ಕುಂಟೆ ಬಾವಿ ಕೊಳವೆಬಾವಿ ಹಾಗೂ ಇತರ ಜಲಮೂಲಗಳ ಮಾಹಿತಿಯನ್ನು ಸಂಗ್ರಹಿಸಲಾಗುವುದು. ಗ್ರಾಮ ಪಂಚಾಯಿತಿ ಮಟ್ಟದಲ್ಲಿ ಗಣತಿದಾರರನ್ನು ನೇಮಿಸಲಾಗಿದ್ದು ತರಬೇತಿ ನೀಡಲಾಗಿದೆ. ಕೋಲಾರ ತಾಲೂಕಿನ ಕಾರ್ಮಿಕ ವಿಜ್ಞಾನ ಸಮಿತಿಯ ಅಧ್ಯಕ್ಷರಾಗಿ ಆಯ್ಕೆಯಾದ ಪದಾಧಿಕಾರಿಗಳನ್ನು ಸನ್ಮಾನಿಸಲಾಯಿತು. ಸಭೆಯಲ್ಲಿ ಸಂಘದ ಸದಸ್ಯರು ಭಾಗವಹಿಸಿದ್ದರು. ರೈತರ ಸಮಸ್ಯೆಗಳ ಬಗ್ಗೆ ಚರ್ಚಿಸಲಾಯಿತು ಹಾಗೂ ಮುಂದಿನ ಕಾರ್ಯಕ್ರಮಗಳ ರೂಪುರೇಷೆ ಸಿದ್ಧಪಡಿಸಲಾಯಿತು. ಕೋಲಾರ ಜಿಲ್ಲೆಯಲ್ಲಿ ಜಲಮೂಲಗಳ ಗಣತಿ ಕಾರ್ಯಕ್ಕೆ ಸಿದ್ಧತೆ ನಡೆದಿದ್ದು ಕೆರೆ ಕುಂಟೆ ಬಾವಿ ಕೊಳವೆಬಾವಿ ಹಾಗೂ ಇತರ ಜಲಮೂಲಗಳ ಮಾಹಿತಿಯನ್ನು ಸಂಗ್ರಹಿಸಲಾಗುವುದು. ಗ್ರಾಮ ಪಂಚಾಯಿತಿ ಮಟ್ಟದಲ್ಲಿ ಗಣತಿದಾರರನ್ನು ನೇಮಿಸಲಾಗಿದ್ದು ತರಬೇತಿ ನೀಡಲಾಗಿದೆ. ಕೋಲಾರ ತಾಲೂಕಿನ ಕಾರ್ಮಿಕ ವಿಜ್ಞಾನ ಸಮಿತಿಯ ಅಧ್ಯಕ್ಷರಾಗಿ ಆಯ್ಕೆಯಾದ ಪದಾಧಿಕಾರಿಗಳನ್ನು ಸನ್ಮಾನಿಸಲಾಯಿತು. ಸಭೆಯಲ್ಲಿ ಸಂಘದ ಸದಸ್ಯರು ಭಾಗವಹಿಸಿದ್ದರು. ರೈತರ ಸಮಸ್ಯೆಗಳ ಬಗ್ಗೆ ಚರ್ಚಿಸಲಾಯಿತು ಹಾಗೂ ಮುಂದಿನ ಕಾರ್ಯಕ್ರಮ
ಕೋಲಾರ ಜಿಲ್ಲೆಯಲ್ಲಿ ಜಲಮೂಲಗಳ ಗಣತಿ ಕಾರ್ಯಕ್ಕೆ ಸಿದ್ಧತೆ ನಡೆದಿದ್ದು ಕೆರೆ ಕುಂಟೆ ಬಾವಿ ಕೊಳವೆಬಾವಿ ಹಾಗೂ ಇತರ ಜಲಮೂಲಗಳ ಮಾಹಿತಿಯನ್ನು ಸಂಗ್ರಹಿಸಲಾಗುವುದು. ಗ್ರಾಮ ಪಂಚಾಯಿತಿ ಮಟ್ಟದಲ್ಲಿ ಗಣತಿದಾರರನ್ನು ನೇಮಿಸಲಾಗಿದ್ದು ತರಬೇತಿ ನೀಡಲಾಗಿದೆ. ಕೋಲಾರ ತಾಲೂಕಿನ ಕಾರ್ಮಿಕ ವಿಜ್ಞಾನ ಸಮಿತಿಯ ಅಧ್ಯಕ್ಷರಾಗಿ ಆಯ್ಕೆಯಾದ ಪದಾಧಿಕಾರಿಗಳನ್ನು ಸನ್ಮಾನಿಸಲಾಯಿತು. ಸಭೆಯಲ್ಲಿ ಸಂಘದ ಸದಸ್ಯರು ಭಾಗವಹಿಸಿದ್ದರು. ರೈತರ ಸಮಸ್ಯೆಗಳ ಬಗ್ಗೆ ಚರ್ಚಿಸಲಾಯಿತು ಹಾಗೂ ಮುಂದಿನ ಕಾರ್ಯಕ್ರಮಗಳ ರೂಪುರೇಷೆ ಸಿದ್ಧಪಡಿಸಲಾಯಿತು. ಕೋಲಾರ ಜಿಲ್ಲೆಯಲ್ಲಿ ಜಲಮೂಲಗಳ ಗಣತಿ ಕಾರ್ಯಕ್ಕೆ ಸಿದ್ಧತೆ ನಡೆದಿದ್ದು ಕೆರೆ ಕುಂಟೆ ಬಾವಿ ಕೊಳವೆಬಾವಿ ಹಾಗೂ ಇತರ ಜಲಮೂಲಗಳ ಮಾಹಿತಿಯನ್ನು ಸಂಗ್ರಹಿಸಲಾಗುವುದು. ಗ್ರಾಮ ಪಂಚಾಯಿತಿ ಮಟ್ಟದಲ್ಲಿ ಗಣತಿದಾರರನ್ನು ನೇಮಿಸಲಾಗಿದ್ದು ತರಬೇತಿ ನೀಡಲಾಗಿದೆ. ಕೋಲಾರ ತಾಲೂಕಿನ ಕಾರ್ಮಿಕ ವಿಜ್ಞಾನ ಸಮಿತಿಯ ಅಧ್ಯಕ್ಷರಾಗಿ ಆಯ್ಕೆಯಾದ ಪದಾಧಿಕಾರಿಗಳನ್ನು ಸನ್ಮಾನಿಸಲಾಯಿತು. ಸಭೆಯಲ್ಲಿ ಸಂಘದ ಸದಸ್ಯರು ಭಾಗವಹಿಸಿದ್ದರು. ರೈತರ ಸಮಸ್ಯೆಗಳ ಬಗ್ಗೆ ಚರ್ಚಿಸಲಾಯಿತು ಹಾಗೂ ಮುಂದಿನ ಕಾರ್ಯಕ್ರಮಗಳ ರೂಪುರೇಷೆ ಸಿದ್ಧಪಡಿಸಲಾಯಿತು. ಕೋಲಾರ ಜಿಲ್ಲೆಯಲ್ಲಿ ಜಲಮೂಲಗಳ ಗಣತಿ ಕಾರ್ಯಕ್ಕೆ ಸಿದ್ಧತೆ ನಡೆದಿದ್ದು ಕೆರೆ ಕುಂಟೆ ಬಾವಿ ಕೊಳವೆಬಾವಿ ಹಾಗೂ ಇತರ ಜಲಮೂಲಗಳ ಮಾಹಿತಿಯನ್ನು ಸಂಗ್ರಹಿಸಲಾಗುವುದು. ಗ್ರಾಮ ಪಂಚಾಯಿತಿ ಮಟ್ಟದಲ್ಲಿ ಗಣತಿದಾರರನ್ನು ನೇಮಿಸಲಾಗಿದ್ದು ತರಬೇತಿ ನೀಡಲಾಗಿದೆ. ಕೋಲಾರ ತಾಲೂಕಿನ ಕಾರ್ಮಿಕ ವಿಜ್ಞಾನ ಸಮಿತಿಯ ಅಧ್ಯಕ್ಷರಾಗಿ ಆಯ್ಕೆಯಾದ ಪದಾಧಿಕಾರಿಗಳನ್ನು ಸನ್ಮಾನಿಸಲಾಯಿತು. ಸಭೆಯಲ್ಲಿ ಸಂಘದ ಸದಸ್ಯರು ಭಾಗವಹಿಸಿದ್ದರು. ರೈತರ ಸಮಸ್ಯೆಗಳ ಬಗ್ಗೆ ಚರ್ಚಿಸಲಾಯಿತು ಹಾಗೂ ಮುಂದಿನ ಕಾರ್ಯಕ್ರಮಗಳ ರೂಪುರೇಷೆ ಸಿದ್ಧಪಡಿಸಲಾಯಿತು. ಕೋಲಾರ ಜಿಲ್ಲೆಯಲ್ಲಿ ಜಲಮೂಲಗಳ ಗಣತಿ ಕಾರ್ಯಕ್ಕೆ ಸಿದ್ಧತೆ ನಡೆದಿದ್ದು ಕೆರೆ ಕುಂಟೆ ಬಾವಿ ಕೊಳವೆಬಾವಿ ಹಾಗೂ ಇತರ ಜಲಮೂಲಗಳ ಮಾಹಿತಿಯನ್ನು ಸಂಗ್ರಹಿಸಲಾಗುವುದು. ಗ್ರಾಮ ಪಂಚಾಯಿತಿ ಮಟ್ಟದಲ್ಲಿ ಗಣತಿದಾರರನ್ನು ನೇಮಿಸಲಾಗಿದ್ದು ತರಬೇತಿ ನೀಡಲಾಗಿದೆ. ಕೋಲಾರ ತಾಲೂಕಿನ ಕಾರ್ಮಿಕ ವಿಜ್ಞಾನ ಸ
ಆಸ್ಪತ್ರೆಯಲ್ಲಿ ಚಿಕಿತ್ಸೆ ಪಡೆಯುತ್ತಿದ್ದ ರೋಗಿ ಸಾವು | ಪೊಲೀಸ್ ಭದ್ರತೆ
ಕೆಜಿಎಫ್ ಸರ್ಕಾರಿ ವೈದ್ಯರ ಮೇಲೆ ಹಲ್ಲೆ: ಆರೋಪ
ಕೋಲಾರ ಜಿಲ್ಲೆಯಲ್ಲಿ ಜಲಮೂಲಗಳ ಗಣತಿ ಕಾರ್ಯಕ್ಕೆ ಸಿದ್ಧತೆ ನಡೆದಿದ್ದು ಕೆರೆ ಕುಂಟೆ ಬಾವಿ ಕೊಳವೆಬಾವಿ ಹಾಗೂ ಇತರ ಜಲಮೂಲಗಳ ಮಾಹಿತಿಯನ್ನು ಸಂಗ್ರಹಿಸಲಾಗುವುದು. ಗ್ರಾಮ ಪಂಚಾಯಿತಿ ಮಟ್ಟದಲ್ಲಿ ಗಣತಿದಾರರನ್ನು ನೇಮಿಸಲಾಗಿದ್ದು ತರಬೇತಿ ನೀಡಲಾಗಿದೆ. ಕೋಲಾರ ತಾಲೂಕಿನ ಕಾರ್ಮಿಕ ವಿಜ್ಞಾನ ಸಮಿತಿಯ ಅಧ್ಯಕ್ಷರಾಗಿ ಆಯ್ಕೆಯಾದ ಪದಾಧಿಕಾರಿಗಳನ್ನು ಸನ್ಮಾನಿಸಲಾಯಿತು. ಸಭೆಯಲ್ಲಿ ಸಂಘದ ಸದಸ್ಯರು ಭಾಗವಹಿಸಿದ್ದರು. ರೈತರ ಸಮಸ್ಯೆಗಳ ಬಗ್ಗೆ ಚರ್ಚಿಸಲಾಯಿತು ಹಾಗೂ ಮುಂದಿನ ಕಾರ್ಯಕ್ರಮಗಳ ರೂಪುರೇಷೆ ಸಿದ್ಧಪಡಿಸಲಾಯಿತು. ಕೋಲಾರ ಜಿಲ್ಲೆಯಲ್ಲಿ ಜಲಮೂಲಗಳ ಗಣತಿ ಕಾರ್ಯಕ್ಕೆ ಸಿದ್ಧತೆ ನಡೆದಿದ್ದು ಕೆರೆ ಕುಂಟೆ ಬಾವಿ ಕೊಳವೆಬಾವಿ ಹಾಗೂ ಇತರ ಜಲಮೂಲಗಳ ಮಾಹಿತಿಯನ್ನು ಸಂಗ್ರಹಿಸಲಾಗುವುದು. ಗ್ರಾಮ ಪಂಚಾಯಿತಿ ಮಟ್ಟದಲ್ಲಿ ಗಣತಿದಾರರನ್ನು ನೇಮಿಸಲಾಗಿದ್ದು ತರಬೇತಿ ನೀಡಲಾಗಿದೆ. ಕೋಲಾರ ತಾಲೂಕಿನ ಕಾರ್ಮಿಕ ವಿಜ್ಞಾನ ಸಮಿತಿಯ ಅಧ್ಯಕ್ಷರಾಗಿ ಆಯ್ಕೆಯಾದ ಪದಾಧಿಕಾರಿಗಳನ್ನು ಸನ್ಮಾನಿಸಲಾಯಿತು. ಸಭೆಯಲ್ಲಿ ಸಂಘದ ಸದಸ್ಯರು ಭಾಗವಹಿಸಿದ್ದರು. ರೈತರ ಸಮಸ್ಯೆಗಳ ಬಗ್ಗೆ ಚರ್ಚಿಸಲಾಯಿತು ಹಾಗೂ ಮುಂದಿನ ಕಾರ್ಯಕ್ರಮಗಳ ರೂಪುರೇಷೆ ಸಿದ್ಧಪಡಿಸಲಾಯಿತು. ಕೋಲಾರ ಜಿಲ್ಲೆಯಲ್ಲಿ ಜಲಮೂಲಗಳ ಗಣತಿ ಕಾರ್ಯಕ್ಕೆ ಸಿದ್ಧತೆ ನಡೆದಿದ್ದು ಕೆರೆ ಕುಂಟೆ ಬಾವಿ ಕೊಳವೆಬಾವಿ ಹಾಗೂ ಇತರ ಜಲಮೂಲಗಳ ಮಾಹಿತಿಯನ್ನು ಸಂಗ್ರಹಿಸಲಾಗುವುದು. ಗ್ರಾಮ ಪಂಚಾಯಿತಿ ಮಟ್ಟದಲ್ಲಿ ಗಣತಿದಾರರನ್ನು ನೇಮಿಸಲಾಗಿದ್ದು ತರಬೇತಿ ನೀಡಲಾಗಿದೆ. ಕೋಲಾರ ತಾಲೂಕಿನ ಕಾರ್ಮಿಕ ವಿಜ್ಞಾನ ಸಮಿತಿಯ ಅಧ್ಯಕ್ಷರಾಗಿ ಆಯ್ಕೆಯಾದ ಪದಾಧಿಕಾರಿಗಳನ್ನು ಸನ್ಮಾನಿಸಲಾಯಿತು. ಸಭೆಯಲ್ಲಿ ಸಂಘದ ಸದಸ್ಯರು ಭಾಗವಹಿಸಿದ್ದರು. ರೈತರ ಸಮಸ್ಯೆಗಳ ಬಗ್ಗೆ ಚರ್ಚಿಸಲಾಯಿತು ಹಾಗೂ ಮುಂದಿನ ಕಾರ್ಯಕ್ರಮಗಳ ರೂಪುರೇಷೆ ಸಿದ್ಧಪಡಿಸಲಾಯಿತು. ಕೋಲಾರ ಜಿಲ್ಲೆಯಲ್ಲಿ ಜಲಮೂಲಗಳ ಗಣತಿ ಕಾರ್ಯಕ್ಕೆ ಸಿದ್ಧತೆ ನಡೆದಿದ್ದು ಕೆರೆ ಕುಂಟೆ ಬಾವಿ ಕೊಳವೆಬಾವಿ ಹಾಗೂ ಇತರ ಜಲಮೂಲಗಳ ಮಾಹಿತಿಯನ್ನು ಸಂಗ್ರಹಿಸಲಾಗುವುದು. ಗ್ರಾಮ ಪಂಚಾಯಿತಿ ಮಟ್ಟದಲ್ಲಿ ಗಣತಿದಾರರನ್ನು ನೇಮಿಸಲಾಗಿದ್ದು ತರಬೇತಿ ನೀಡ
ಕೆಜಿಎಫ್ ಸರ್ಕಾರಿ ಆಸ್ಪತ್ರೆ ಎದುರು ವೈದ್ಯರು ಪ್ರತಿಭಟನೆ ನಡೆಸಿದರು.
ಕೋಲಾರ ಜಿಲ್ಲೆಯಲ್ಲಿ ಜಲಮೂಲಗಳ ಗಣತಿ ಕಾರ್ಯಕ್ಕೆ ಸಿದ್ಧತೆ ನಡೆದಿದ್ದು ಕೆರೆ ಕುಂಟೆ ಬಾವಿ ಕೊಳವೆಬಾವಿ ಹಾಗೂ ಇತರ ಜಲಮೂಲಗಳ ಮಾಹಿತಿಯನ್ನು ಸಂಗ್ರಹಿಸಲಾಗುವುದು. ಗ್ರಾಮ ಪಂಚಾಯಿತಿ ಮಟ್ಟದಲ್ಲಿ ಗಣತಿದಾರರನ್ನು ನೇಮಿಸಲಾಗಿದ್ದು ತರಬೇತಿ ನೀಡಲಾಗಿದೆ. ಕೋಲಾರ ತಾಲೂಕಿನ ಕಾರ್ಮಿಕ ವಿಜ್ಞಾನ ಸಮಿತಿಯ ಅಧ್ಯಕ್ಷರಾಗಿ ಆಯ್ಕೆಯಾದ ಪದಾಧಿಕಾರಿಗಳನ್ನು ಸನ್ಮಾನಿಸಲಾಯಿತು. ಸಭೆಯಲ್ಲಿ ಸಂಘದ ಸದಸ್ಯರು ಭಾಗವಹಿಸಿದ್ದರು. ರೈತರ ಸಮಸ್ಯೆಗಳ ಬಗ್ಗೆ ಚರ್ಚಿಸಲಾಯಿತು ಹಾಗೂ ಮುಂದಿನ ಕಾರ್ಯಕ್ರಮಗಳ ರೂಪುರೇಷೆ ಸಿದ್ಧಪಡಿಸಲಾಯಿತು. ಕೋಲಾರ ಜಿಲ್ಲೆಯಲ್ಲಿ ಜಲಮೂಲಗಳ ಗಣತಿ ಕಾರ್ಯಕ್ಕೆ ಸಿದ್ಧತೆ ನಡೆದಿದ್ದು ಕೆರೆ ಕುಂಟೆ ಬಾವಿ ಕೊಳವೆಬಾವಿ ಹಾಗೂ ಇತರ ಜಲಮೂಲಗಳ ಮಾಹಿತಿಯನ್ನು ಸಂಗ್ರಹಿಸಲಾಗುವುದು. ಗ್ರಾಮ ಪಂಚಾಯಿತಿ ಮಟ್ಟದಲ್ಲಿ ಗಣತಿದಾರರನ್ನು
ಕೋಲಾರ ಜಿಲ್ಲೆಯಲ್ಲಿ ಜಲಮೂಲಗಳ ಗಣತಿ ಕಾರ್ಯಕ್ಕೆ ಸಿದ್ಧತೆ ನಡೆದಿದ್ದು ಕೆರೆ ಕುಂಟೆ ಬಾವಿ ಕೊಳವೆಬಾವಿ ಹಾಗೂ ಇತರ ಜಲಮೂಲಗಳ ಮಾಹಿತಿಯನ್ನು ಸಂಗ್ರಹಿಸಲಾಗುವುದು. ಗ್ರಾಮ ಪಂಚಾಯಿತಿ ಮಟ್ಟದಲ್ಲಿ ಗಣತಿದಾರರನ್ನು ನೇಮಿಸಲಾಗಿದ್ದು ತರಬೇತಿ ನೀಡಲಾಗಿದೆ. ಕೋಲಾರ ತಾಲೂಕಿನ ಕಾರ್ಮಿಕ ವಿಜ್ಞಾನ ಸಮಿತಿಯ ಅಧ್ಯಕ್ಷರಾಗಿ ಆಯ್ಕೆಯಾದ ಪದಾಧಿಕಾರಿಗಳನ್ನು ಸನ್ಮಾನಿಸಲಾಯಿತು. ಸಭೆಯಲ್ಲಿ ಸಂಘದ ಸದಸ್ಯರು ಭಾಗವಹಿಸಿದ್ದರು. ರೈತರ ಸಮಸ್ಯೆಗಳ ಬಗ್ಗೆ ಚರ್ಚಿಸಲಾಯಿತು ಹಾಗೂ ಮುಂದಿನ ಕಾರ್ಯಕ್ರಮಗಳ ರೂಪುರೇಷೆ ಸಿದ್ಧಪಡಿಸಲಾಯಿತು. ಕೋಲಾರ ಜಿಲ್ಲೆಯಲ್ಲಿ ಜಲಮೂಲಗಳ ಗಣತಿ ಕಾರ್ಯಕ್ಕೆ ಸಿದ್ಧತೆ ನಡೆದಿದ್ದು ಕೆರೆ ಕುಂಟೆ ಬಾವಿ ಕೊಳವೆಬಾವಿ ಹಾಗೂ ಇತರ ಜಲಮೂಲಗಳ ಮಾಹಿತಿಯನ್ನು ಸಂಗ್ರಹಿಸಲಾಗುವುದು. ಗ್ರಾಮ ಪಂಚಾಯಿತಿ ಮಟ್ಟದಲ್ಲಿ ಗಣತಿದಾರರನ್ನು
ವೈದ್ಯಕೀಯ ಸಿಬ್ಬಂದಿ ಪ್ರತಿಭಟನೆ
ಕೋಲಾರ ಜಿಲ್ಲೆಯಲ್ಲಿ ಜಲಮೂಲಗಳ ಗಣತಿ ಕಾರ್ಯಕ್ಕೆ ಸಿದ್ಧತೆ ನಡೆದಿದ್ದು ಕೆರೆ ಕುಂಟೆ ಬಾವಿ ಕೊಳವೆಬಾವಿ ಹಾಗೂ ಇತರ ಜಲಮೂಲಗಳ ಮಾಹಿತಿಯನ್ನು ಸಂಗ್ರಹಿಸಲಾಗುವುದು. ಗ್ರಾಮ ಪಂಚಾಯಿತಿ ಮಟ್ಟದಲ್ಲಿ ಗಣತಿದಾರರನ್ನು ನೇಮಿಸಲಾಗಿದ್ದು ತರಬೇತಿ ನೀಡಲಾಗಿದೆ. ಕೋಲಾರ ತಾಲೂಕಿನ ಕಾರ್ಮಿಕ ವಿಜ್ಞಾನ ಸಮಿತಿಯ ಅಧ್ಯಕ್ಷರಾಗಿ ಆಯ್ಕೆಯಾದ ಪದಾಧಿಕಾರಿಗಳನ್ನು ಸನ್ಮಾನಿಸಲಾಯಿತು. ಸಭೆಯಲ್ಲಿ ಸಂಘದ ಸದಸ್ಯರು ಭಾಗವಹಿಸಿದ್ದರು. ರೈತರ ಸಮಸ್ಯೆಗಳ ಬಗ್ಗೆ ಚರ್ಚಿಸಲಾಯಿತು ಹಾಗೂ ಮುಂದಿನ ಕಾರ್ಯಕ್ರಮಗಳ ರೂಪುರೇಷೆ ಸಿದ್ಧಪಡಿಸಲಾಯಿತು. ಕೋಲಾರ ಜಿಲ್ಲೆಯಲ್ಲಿ ಜಲಮೂಲಗಳ ಗಣತಿ ಕಾರ್ಯಕ್ಕೆ ಸಿದ್ಧತೆ ನಡೆದಿದ್ದು ಕೆರೆ ಕುಂಟೆ ಬಾವಿ ಕೊಳವೆಬಾವಿ ಹಾಗೂ ಇತರ ಜಲಮೂಲಗಳ ಮಾಹಿತಿಯನ್ನು ಸಂಗ್ರಹಿಸಲಾಗುವುದು. ಗ್ರಾಮ ಪಂಚಾಯಿತಿ ಮಟ್ಟದಲ್ಲಿ ಗಣತಿದಾರರನ್ನು ನೇಮಿಸಲಾಗಿದ್ದು ತರಬೇತಿ ನೀಡಲಾಗಿದೆ. ಕೋಲಾರ ತಾಲೂಕಿನ ಕಾರ್ಮಿಕ ವಿಜ್ಞಾನ ಸಮಿತಿಯ ಅಧ್ಯಕ್ಷರಾಗಿ ಆಯ್ಕೆಯಾದ ಪದಾಧಿಕಾರಿಗಳನ್ನು ಸನ್ಮಾನಿಸಲಾಯಿತು. ಸಭೆಯಲ್ಲಿ ಸಂಘದ ಸದಸ್ಯರು ಭಾಗವಹಿಸಿದ್ದರು. ರೈತರ ಸಮಸ್ಯೆಗಳ ಬಗ್ಗೆ ಚರ್ಚಿಸಲಾಯಿತು ಹಾಗೂ ಮುಂದಿನ ಕಾರ್ಯಕ್ರಮಗಳ ರೂಪುರೇಷೆ ಸಿದ್ಧಪಡಿಸಲಾಯಿತು. ಕೋಲಾರ ಜಿಲ್ಲೆಯಲ್ಲಿ ಜಲಮೂಲಗಳ ಗಣತಿ ಕಾರ್ಯಕ್ಕೆ ಸಿದ್ಧತೆ ನಡೆದಿದ್ದು ಕೆರೆ ಕುಂಟೆ ಬಾವಿ ಕೊಳವೆಬಾವಿ ಹಾಗೂ ಇತರ ಜಲಮೂಲಗಳ ಮಾಹಿತಿಯನ್ನು ಸಂಗ್ರಹಿಸಲಾಗುವುದು. ಗ್ರಾಮ ಪಂಚಾಯಿತಿ ಮಟ್ಟದಲ್ಲಿ ಗಣತಿದಾರರನ್ನು ನೇಮಿಸಲಾಗಿದ್ದು ತರಬೇತಿ ನೀಡಲಾಗಿದೆ. ಕೋಲಾರ ತಾಲೂಕಿನ ಕಾರ್ಮಿಕ ವಿಜ್ಞಾನ ಸಮಿತಿಯ ಅಧ್ಯಕ್ಷರಾಗಿ ಆಯ್ಕೆಯಾದ ಪದಾಧಿಕಾರಿಗಳನ್ನು ಸನ್ಮಾನಿಸಲಾಯಿತು. ಸಭೆಯಲ್ಲಿ ಸಂಘದ ಸದಸ್ಯರು ಭಾಗವಹಿಸಿದ್ದರು. ರೈತರ ಸಮಸ್ಯೆಗಳ ಬಗ್ಗೆ ಚರ್ಚಿಸಲಾಯಿತು ಹಾಗೂ ಮುಂದಿನ ಕಾರ್ಯಕ್ರಮಗಳ ರೂಪುರೇಷೆ ಸಿದ್ಧಪಡಿಸಲಾಯಿತು. ಕೋಲಾರ ಜಿಲ್ಲೆಯಲ್ಲಿ ಜಲಮೂಲಗಳ ಗಣತಿ ಕಾರ್ಯಕ್ಕೆ ಸಿದ್ಧತೆ ನಡೆದಿದ್ದು ಕೆರೆ ಕುಂಟೆ ಬಾವಿ ಕೊಳವೆಬಾವಿ ಹಾಗೂ ಇತರ ಜಲಮೂಲಗಳ ಮಾಹಿತಿಯನ್ನು ಸಂಗ್ರಹಿಸಲಾಗುವುದು. ಗ್ರಾಮ ಪಂಚಾಯಿತಿ ಮಟ್ಟದಲ್ಲಿ ಗಣತಿದಾರರನ್ನು ನೇಮಿಸಲಾಗಿದ್ದು ತರಬೇತಿ ನೀಡಲಾಗಿದೆ. ಕೋಲಾರ ತಾಲೂಕಿನ ಕಾರ್ಮಿಕ ವಿಜ್ಞಾನ ಸಮಿತಿಯ ಅಧ್ಯಕ್ಷರಾಗಿ ಆಯ್ಕೆಯಾದ ಪದಾಧಿಕಾರಿಗಳನ್ನು ಸನ್ಮಾನಿಸಲಾಯಿತು. ಸಭೆಯಲ್ಲಿ ಸಂಘದ ಸದಸ್ಯರು ಭಾಗವಹಿಸಿದ್ದರು. ರೈತರ ಸಮಸ್ಯೆಗಳ ಬಗ್ಗೆ ಚರ್ಚಿಸಲಾಯಿತು ಹಾಗೂ ಮುಂದಿನ ಕಾರ್ಯಕ್ರಮಗಳ ರೂಪುರೇಷೆ ಸಿದ್ಧಪಡಿಸಲಾಯಿತು. ಕೋಲಾರ ಜಿಲ್ಲೆಯಲ್ಲಿ ಜಲಮೂಲಗಳ ಗ
ಕೋಲಾರ ಜಿಲ್ಲೆಯಲ್ಲಿ ಜಲಮೂಲಗಳ ಗಣತಿ ಕಾರ್ಯಕ್ಕೆ ಸಿದ್ಧತೆ ನಡೆದಿದ್ದು ಕೆರೆ ಕುಂಟೆ ಬಾವಿ ಕೊಳವೆಬಾವಿ ಹಾಗೂ ಇತರ ಜಲಮೂಲಗಳ ಮಾಹಿತಿಯನ್ನು ಸಂಗ್ರಹಿಸಲಾಗುವುದು. ಗ್ರಾಮ ಪಂಚಾಯಿತಿ ಮಟ್ಟದಲ್ಲಿ ಗಣತಿದಾರರನ್ನು ನೇಮಿಸಲಾಗಿದ್ದು ತರಬೇತಿ ನೀಡಲಾಗಿದೆ. ಕೋಲಾರ ತಾಲೂಕಿನ ಕಾರ್ಮಿಕ ವಿಜ್ಞಾನ ಸಮಿತಿಯ ಅಧ್ಯಕ್ಷರಾಗಿ ಆಯ್ಕೆಯಾದ ಪದಾಧಿಕಾರಿಗಳನ್ನು ಸನ್ಮಾನಿಸಲಾಯಿತು. ಸಭೆಯಲ್ಲಿ ಸಂಘದ ಸದಸ್ಯರು ಭಾಗವಹಿಸಿದ್ದರು. ರೈತರ ಸಮಸ್ಯೆಗಳ ಬಗ್ಗೆ ಚರ್ಚಿಸಲಾಯಿತು ಹಾಗೂ ಮುಂದಿನ ಕಾರ್ಯಕ್ರಮಗಳ ರೂಪುರೇಷೆ ಸಿದ್ಧಪಡಿಸಲಾಯಿತು. ಕೋಲಾರ ಜಿಲ್ಲೆಯಲ್ಲಿ ಜಲಮೂಲಗಳ ಗಣತಿ ಕಾರ್ಯಕ್ಕೆ ಸಿದ್ಧತೆ ನಡೆದಿದ್ದು ಕೆರೆ ಕುಂಟೆ ಬಾವಿ ಕೊಳವೆಬಾವಿ ಹಾಗೂ ಇತರ ಜಲಮೂಲಗಳ ಮಾಹಿತಿಯನ್ನು ಸಂಗ್ರಹಿಸಲಾಗುವುದು. ಗ್ರಾಮ ಪಂಚಾಯಿತಿ ಮಟ್ಟದಲ್ಲಿ ಗಣತಿದಾರರನ್ನು ನೇಮಿಸಲಾಗಿದ್ದು ತರಬೇತಿ ನೀಡಲಾಗಿದೆ. ಕೋಲಾರ ತಾಲೂಕಿನ ಕಾರ್ಮಿಕ ವಿಜ್ಞಾನ ಸಮಿತಿಯ ಅಧ್ಯಕ್ಷರಾಗಿ ಆಯ್ಕೆಯಾದ ಪದಾಧಿಕಾರಿಗಳನ್ನು ಸನ್ಮಾನಿಸಲಾಯಿತು. ಸಭೆಯಲ್ಲಿ ಸಂಘದ ಸದಸ್ಯರು ಭಾಗವಹಿಸಿದ್ದರು. ರೈತರ ಸಮಸ್ಯೆಗಳ ಬಗ್ಗೆ ಚರ್ಚಿಸಲಾಯಿತು ಹಾಗೂ ಮುಂದಿನ ಕಾರ್ಯಕ್ರಮಗಳ ರೂಪುರೇಷೆ ಸಿದ್ಧಪಡಿಸಲಾಯಿತು. ಕೋಲಾರ ಜಿಲ್ಲೆಯಲ್ಲಿ ಜಲಮೂಲಗಳ ಗಣತಿ ಕಾರ್ಯಕ್ಕೆ ಸಿದ್ಧತೆ ನಡೆದಿದ್ದು ಕೆರೆ ಕುಂಟೆ ಬಾವಿ ಕೊಳವೆಬಾವಿ ಹಾಗೂ ಇತರ ಜಲಮೂಲಗಳ ಮಾಹಿತಿಯನ್ನು ಸಂಗ್ರಹಿಸಲಾಗುವುದು. ಗ್ರಾಮ ಪಂಚಾಯಿತಿ ಮಟ್ಟದಲ್ಲಿ ಗಣತಿದಾರರನ್ನು ನೇಮಿಸಲಾಗಿದ್ದು ತರಬೇತಿ ನೀಡಲಾಗಿದೆ. ಕೋಲಾರ ತಾಲೂಕಿನ ಕಾರ್ಮಿಕ ವಿಜ್ಞಾನ ಸಮಿತಿಯ ಅಧ್ಯಕ್ಷರಾಗಿ ಆಯ್ಕೆಯಾದ ಪದಾಧಿಕಾರಿಗಳನ್ನು ಸನ್ಮಾನಿಸಲಾಯಿತು. ಸಭೆಯಲ್ಲಿ ಸಂಘದ ಸದಸ್ಯರು ಭಾಗವಹಿಸಿದ್ದರು. ರೈತರ ಸಮಸ್ಯೆಗಳ ಬಗ್ಗೆ ಚರ್ಚಿಸಲಾಯಿತು ಹಾಗೂ ಮುಂದಿನ ಕಾರ್ಯಕ್ರಮಗಳ ರೂಪುರೇಷೆ ಸಿದ್ಧಪಡಿಸಲಾಯಿತು. ಕೋಲಾರ ಜಿಲ್ಲೆಯಲ್ಲಿ ಜಲಮೂಲಗಳ ಗಣತಿ ಕಾರ್ಯಕ್ಕೆ ಸಿದ್ಧತೆ ನಡೆದಿದ್ದು ಕೆರೆ ಕುಂಟೆ ಬಾವಿ ಕೊಳವೆಬಾವಿ ಹಾಗೂ ಇತರ ಜಲಮೂಲಗಳ ಮಾಹಿತಿಯನ್ನು ಸಂಗ್ರಹಿಸಲಾಗುವುದು. ಗ್ರಾಮ ಪಂಚಾಯಿತಿ ಮಟ್ಟದಲ್ಲಿ ಗಣತಿದಾರರನ್ನು ನೇಮಿಸಲಾಗಿದ್ದು ತರಬೇತಿ ನೀಡಲಾಗಿದೆ. ಕೋಲಾರ ತಾಲೂಕಿನ ಕಾರ್ಮಿಕ ವಿಜ್ಞಾನ ಸಮಿತಿಯ ಅಧ್ಯಕ್ಷರಾಗಿ ಆಯ್ಕೆಯಾದ ಪದಾಧಿಕಾರಿಗಳನ್ನು ಸನ್ಮಾನಿಸಲಾಯಿತು. ಸಭೆಯಲ್ಲಿ ಸಂಘದ ಸದಸ್ಯರು ಭಾಗವಹಿಸಿದ್ದರು. ರೈತರ ಸಮಸ್ಯೆಗಳ ಬಗ್ಗೆ ಚರ್ಚಿಸಲಾಯಿತು ಹಾಗೂ ಮುಂದಿನ ಕಾರ್ಯಕ್ರಮಗಳ ರೂಪುರೇಷೆ ಸಿದ್ಧಪಡಿಸಲಾಯಿತು. ಕೋಲಾರ ಜಿಲ್ಲೆಯಲ್ಲಿ ಜಲಮೂಲಗಳ ಗಣತಿ ಕಾರ್ಯಕ್ಕೆ ಸಿದ್ಧತೆ ನಡೆದಿದ್ದು ಕೆರೆ ಕುಂಟೆ ಬಾವಿ ಕೊಳವೆಬಾವಿ ಹಾಗೂ ಇತರ ಜಲಮೂಲಗಳ ಮಾಹಿತಿಯನ್ನು ಸಂಗ್ರಹಿಸಲಾಗುವುದು. ಗ್ರಾಮ ಪಂಚಾಯಿತಿ ಮಟ್ಟದಲ್ಲಿ ಗಣತಿದಾರರನ್ನು ನೇಮಿಸಲಾಗಿದ್ದು ತರಬೇತಿ ನೀಡಲಾಗಿದೆ. ಕೋಲಾರ ತಾಲೂಕಿನ ಕಾರ್ಮಿಕ ವಿಜ್ಞಾನ ಸ
